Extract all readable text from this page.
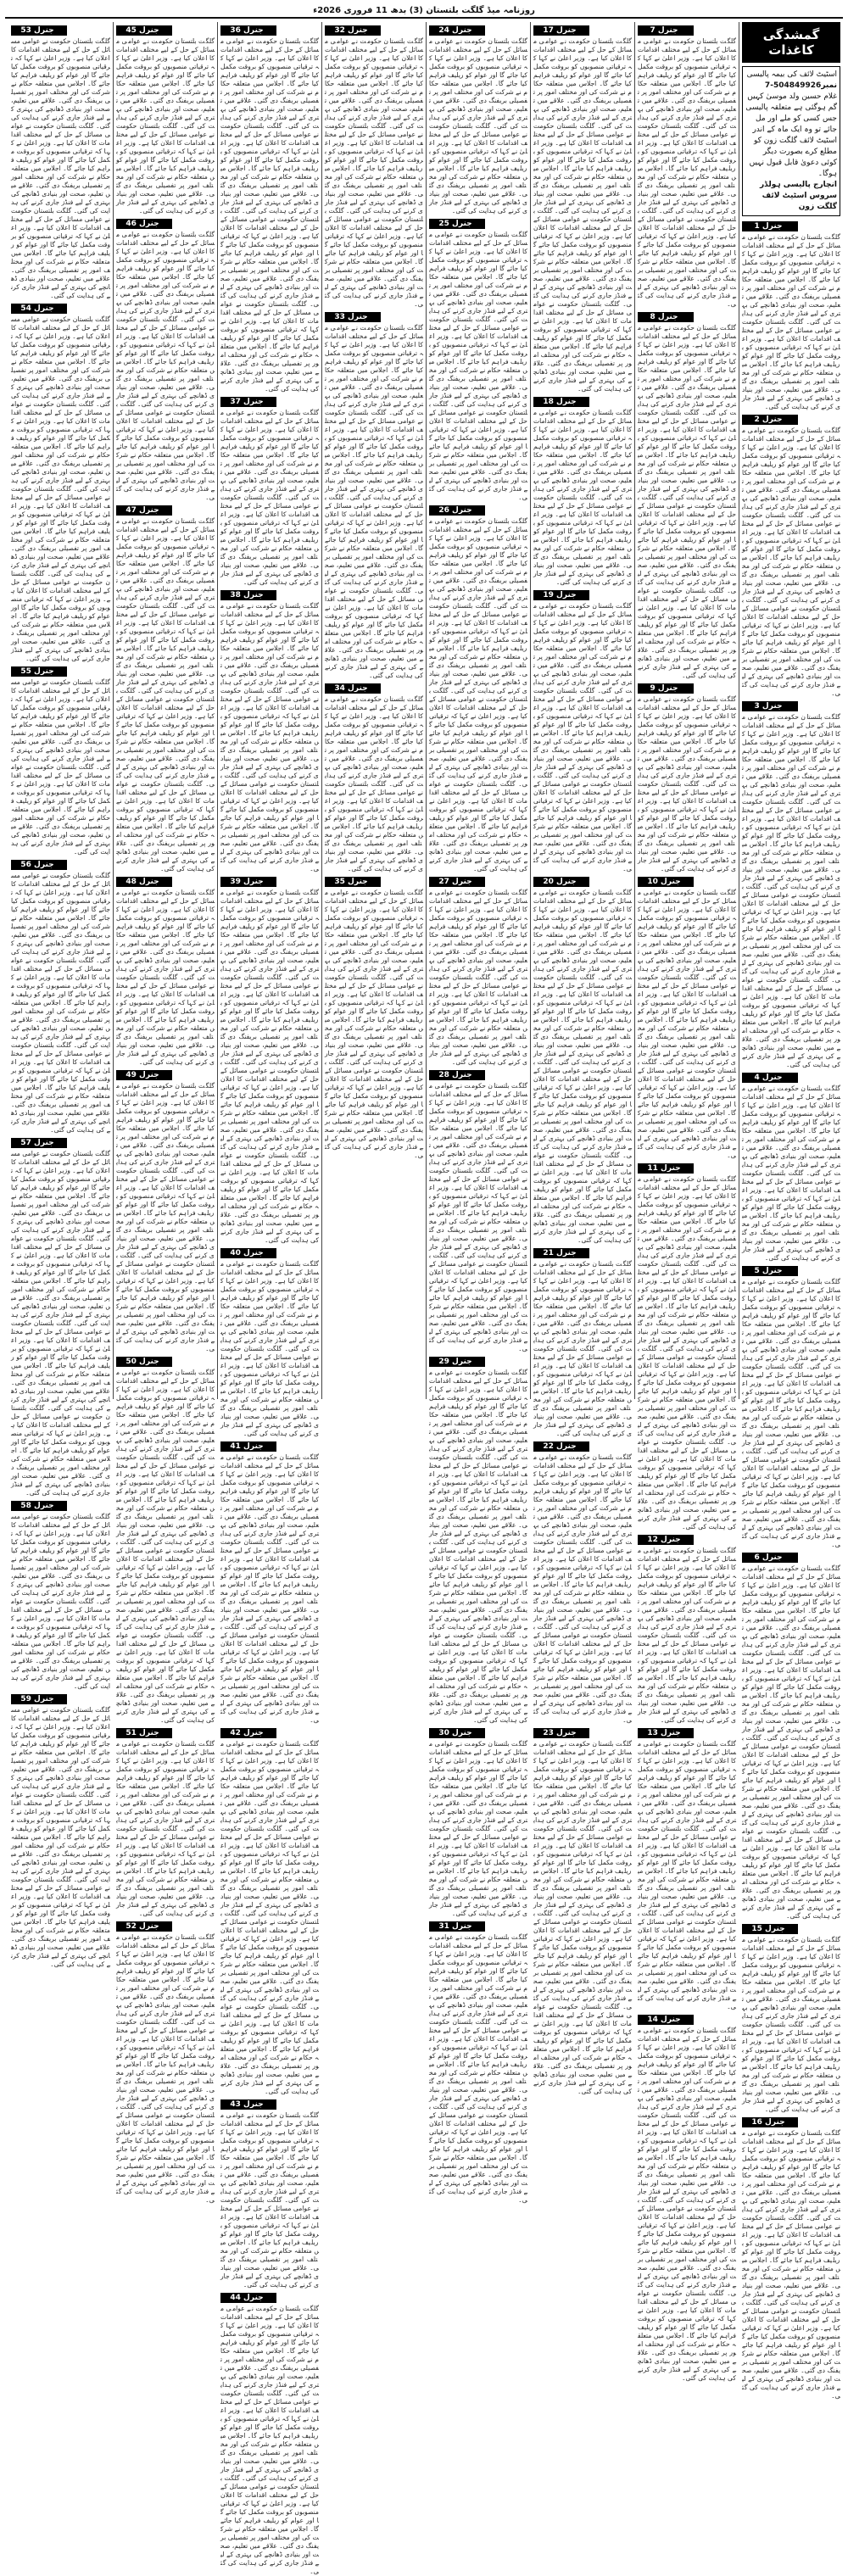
روزنامہ میڈ گلگت بلتستان (3) بدھ 11 فروری 2026ء
گمشدگی کاغذات
اسٹیٹ لائف کی بیمہ پالیسی
نمبر504849926-7
غلام حسین ولد موسیٰ کہیں گم ہوگئی ہے متعلقہ پالیسی جس کسی کو ملے اور مل جائے تو وہ ایک ماہ کے اندر اسٹیٹ لائف گلگت زون کو مطلع کرے بصورت دیگر کوئی دعویٰ قابل قبول نہیں ہوگا۔
انچارج پالیسی ہولڈر سروس اسٹیٹ لائف گلگت زون
جنرل 1
گلگت بلتستان حکومت نے عوامی مسائل کے حل کے لیے مختلف اقدامات کا اعلان کیا ہے۔ وزیر اعلیٰ نے کہا کہ ترقیاتی منصوبوں کو بروقت مکمل کیا جائے گا اور عوام کو ریلیف فراہم کیا جائے گا۔ اجلاس میں متعلقہ حکام نے شرکت کی اور مختلف امور پر تفصیلی بریفنگ دی گئی۔ علاقے میں تعلیم، صحت اور بنیادی ڈھانچے کی بہتری کے لیے فنڈز جاری کرنے کی ہدایت کی گئی۔ گلگت بلتستان حکومت نے عوامی مسائل کے حل کے لیے مختلف اقدامات کا اعلان کیا ہے۔ وزیر اعلیٰ نے کہا کہ ترقیاتی منصوبوں کو بروقت مکمل کیا جائے گا اور عوام کو ریلیف فراہم کیا جائے گا۔ اجلاس میں متعلقہ حکام نے شرکت کی اور مختلف امور پر تفصیلی بریفنگ دی گئی۔ علاقے میں تعلیم، صحت اور بنیادی ڈھانچے کی بہتری کے لیے فنڈز جاری کرنے کی ہدایت کی گئی۔
جنرل 2
گلگت بلتستان حکومت نے عوامی مسائل کے حل کے لیے مختلف اقدامات کا اعلان کیا ہے۔ وزیر اعلیٰ نے کہا کہ ترقیاتی منصوبوں کو بروقت مکمل کیا جائے گا اور عوام کو ریلیف فراہم کیا جائے گا۔ اجلاس میں متعلقہ حکام نے شرکت کی اور مختلف امور پر تفصیلی بریفنگ دی گئی۔ علاقے میں تعلیم، صحت اور بنیادی ڈھانچے کی بہتری کے لیے فنڈز جاری کرنے کی ہدایت کی گئی۔ گلگت بلتستان حکومت نے عوامی مسائل کے حل کے لیے مختلف اقدامات کا اعلان کیا ہے۔ وزیر اعلیٰ نے کہا کہ ترقیاتی منصوبوں کو بروقت مکمل کیا جائے گا اور عوام کو ریلیف فراہم کیا جائے گا۔ اجلاس میں متعلقہ حکام نے شرکت کی اور مختلف امور پر تفصیلی بریفنگ دی گئی۔ علاقے میں تعلیم، صحت اور بنیادی ڈھانچے کی بہتری کے لیے فنڈز جاری کرنے کی ہدایت کی گئی۔ گلگت بلتستان حکومت نے عوامی مسائل کے حل کے لیے مختلف اقدامات کا اعلان کیا ہے۔ وزیر اعلیٰ نے کہا کہ ترقیاتی منصوبوں کو بروقت مکمل کیا جائے گا اور عوام کو ریلیف فراہم کیا جائے گا۔ اجلاس میں متعلقہ حکام نے شرکت کی اور مختلف امور پر تفصیلی بریفنگ دی گئی۔ علاقے میں تعلیم، صحت اور بنیادی ڈھانچے کی بہتری کے لیے فنڈز جاری کرنے کی ہدایت کی گئی۔
جنرل 3
گلگت بلتستان حکومت نے عوامی مسائل کے حل کے لیے مختلف اقدامات کا اعلان کیا ہے۔ وزیر اعلیٰ نے کہا کہ ترقیاتی منصوبوں کو بروقت مکمل کیا جائے گا اور عوام کو ریلیف فراہم کیا جائے گا۔ اجلاس میں متعلقہ حکام نے شرکت کی اور مختلف امور پر تفصیلی بریفنگ دی گئی۔ علاقے میں تعلیم، صحت اور بنیادی ڈھانچے کی بہتری کے لیے فنڈز جاری کرنے کی ہدایت کی گئی۔ گلگت بلتستان حکومت نے عوامی مسائل کے حل کے لیے مختلف اقدامات کا اعلان کیا ہے۔ وزیر اعلیٰ نے کہا کہ ترقیاتی منصوبوں کو بروقت مکمل کیا جائے گا اور عوام کو ریلیف فراہم کیا جائے گا۔ اجلاس میں متعلقہ حکام نے شرکت کی اور مختلف امور پر تفصیلی بریفنگ دی گئی۔ علاقے میں تعلیم، صحت اور بنیادی ڈھانچے کی بہتری کے لیے فنڈز جاری کرنے کی ہدایت کی گئی۔ گلگت بلتستان حکومت نے عوامی مسائل کے حل کے لیے مختلف اقدامات کا اعلان کیا ہے۔ وزیر اعلیٰ نے کہا کہ ترقیاتی منصوبوں کو بروقت مکمل کیا جائے گا اور عوام کو ریلیف فراہم کیا جائے گا۔ اجلاس میں متعلقہ حکام نے شرکت کی اور مختلف امور پر تفصیلی بریفنگ دی گئی۔ علاقے میں تعلیم، صحت اور بنیادی ڈھانچے کی بہتری کے لیے فنڈز جاری کرنے کی ہدایت کی گئی۔ گلگت بلتستان حکومت نے عوامی مسائل کے حل کے لیے مختلف اقدامات کا اعلان کیا ہے۔ وزیر اعلیٰ نے کہا کہ ترقیاتی منصوبوں کو بروقت مکمل کیا جائے گا اور عوام کو ریلیف فراہم کیا جائے گا۔ اجلاس میں متعلقہ حکام نے شرکت کی اور مختلف امور پر تفصیلی بریفنگ دی گئی۔ علاقے میں تعلیم، صحت اور بنیادی ڈھانچے کی بہتری کے لیے فنڈز جاری کرنے کی ہدایت کی گئی۔
جنرل 4
گلگت بلتستان حکومت نے عوامی مسائل کے حل کے لیے مختلف اقدامات کا اعلان کیا ہے۔ وزیر اعلیٰ نے کہا کہ ترقیاتی منصوبوں کو بروقت مکمل کیا جائے گا اور عوام کو ریلیف فراہم کیا جائے گا۔ اجلاس میں متعلقہ حکام نے شرکت کی اور مختلف امور پر تفصیلی بریفنگ دی گئی۔ علاقے میں تعلیم، صحت اور بنیادی ڈھانچے کی بہتری کے لیے فنڈز جاری کرنے کی ہدایت کی گئی۔ گلگت بلتستان حکومت نے عوامی مسائل کے حل کے لیے مختلف اقدامات کا اعلان کیا ہے۔ وزیر اعلیٰ نے کہا کہ ترقیاتی منصوبوں کو بروقت مکمل کیا جائے گا اور عوام کو ریلیف فراہم کیا جائے گا۔ اجلاس میں متعلقہ حکام نے شرکت کی اور مختلف امور پر تفصیلی بریفنگ دی گئی۔ علاقے میں تعلیم، صحت اور بنیادی ڈھانچے کی بہتری کے لیے فنڈز جاری کرنے کی ہدایت کی گئی۔
جنرل 5
گلگت بلتستان حکومت نے عوامی مسائل کے حل کے لیے مختلف اقدامات کا اعلان کیا ہے۔ وزیر اعلیٰ نے کہا کہ ترقیاتی منصوبوں کو بروقت مکمل کیا جائے گا اور عوام کو ریلیف فراہم کیا جائے گا۔ اجلاس میں متعلقہ حکام نے شرکت کی اور مختلف امور پر تفصیلی بریفنگ دی گئی۔ علاقے میں تعلیم، صحت اور بنیادی ڈھانچے کی بہتری کے لیے فنڈز جاری کرنے کی ہدایت کی گئی۔ گلگت بلتستان حکومت نے عوامی مسائل کے حل کے لیے مختلف اقدامات کا اعلان کیا ہے۔ وزیر اعلیٰ نے کہا کہ ترقیاتی منصوبوں کو بروقت مکمل کیا جائے گا اور عوام کو ریلیف فراہم کیا جائے گا۔ اجلاس میں متعلقہ حکام نے شرکت کی اور مختلف امور پر تفصیلی بریفنگ دی گئی۔ علاقے میں تعلیم، صحت اور بنیادی ڈھانچے کی بہتری کے لیے فنڈز جاری کرنے کی ہدایت کی گئی۔ گلگت بلتستان حکومت نے عوامی مسائل کے حل کے لیے مختلف اقدامات کا اعلان کیا ہے۔ وزیر اعلیٰ نے کہا کہ ترقیاتی منصوبوں کو بروقت مکمل کیا جائے گا اور عوام کو ریلیف فراہم کیا جائے گا۔ اجلاس میں متعلقہ حکام نے شرکت کی اور مختلف امور پر تفصیلی بریفنگ دی گئی۔ علاقے میں تعلیم، صحت اور بنیادی ڈھانچے کی بہتری کے لیے فنڈز جاری کرنے کی ہدایت کی گئی۔
جنرل 6
گلگت بلتستان حکومت نے عوامی مسائل کے حل کے لیے مختلف اقدامات کا اعلان کیا ہے۔ وزیر اعلیٰ نے کہا کہ ترقیاتی منصوبوں کو بروقت مکمل کیا جائے گا اور عوام کو ریلیف فراہم کیا جائے گا۔ اجلاس میں متعلقہ حکام نے شرکت کی اور مختلف امور پر تفصیلی بریفنگ دی گئی۔ علاقے میں تعلیم، صحت اور بنیادی ڈھانچے کی بہتری کے لیے فنڈز جاری کرنے کی ہدایت کی گئی۔ گلگت بلتستان حکومت نے عوامی مسائل کے حل کے لیے مختلف اقدامات کا اعلان کیا ہے۔ وزیر اعلیٰ نے کہا کہ ترقیاتی منصوبوں کو بروقت مکمل کیا جائے گا اور عوام کو ریلیف فراہم کیا جائے گا۔ اجلاس میں متعلقہ حکام نے شرکت کی اور مختلف امور پر تفصیلی بریفنگ دی گئی۔ علاقے میں تعلیم، صحت اور بنیادی ڈھانچے کی بہتری کے لیے فنڈز جاری کرنے کی ہدایت کی گئی۔ گلگت بلتستان حکومت نے عوامی مسائل کے حل کے لیے مختلف اقدامات کا اعلان کیا ہے۔ وزیر اعلیٰ نے کہا کہ ترقیاتی منصوبوں کو بروقت مکمل کیا جائے گا اور عوام کو ریلیف فراہم کیا جائے گا۔ اجلاس میں متعلقہ حکام نے شرکت کی اور مختلف امور پر تفصیلی بریفنگ دی گئی۔ علاقے میں تعلیم، صحت اور بنیادی ڈھانچے کی بہتری کے لیے فنڈز جاری کرنے کی ہدایت کی گئی۔ گلگت بلتستان حکومت نے عوامی مسائل کے حل کے لیے مختلف اقدامات کا اعلان کیا ہے۔ وزیر اعلیٰ نے کہا کہ ترقیاتی منصوبوں کو بروقت مکمل کیا جائے گا اور عوام کو ریلیف فراہم کیا جائے گا۔ اجلاس میں متعلقہ حکام نے شرکت کی اور مختلف امور پر تفصیلی بریفنگ دی گئی۔ علاقے میں تعلیم، صحت اور بنیادی ڈھانچے کی بہتری کے لیے فنڈز جاری کرنے کی ہدایت کی گئی۔
جنرل 15
گلگت بلتستان حکومت نے عوامی مسائل کے حل کے لیے مختلف اقدامات کا اعلان کیا ہے۔ وزیر اعلیٰ نے کہا کہ ترقیاتی منصوبوں کو بروقت مکمل کیا جائے گا اور عوام کو ریلیف فراہم کیا جائے گا۔ اجلاس میں متعلقہ حکام نے شرکت کی اور مختلف امور پر تفصیلی بریفنگ دی گئی۔ علاقے میں تعلیم، صحت اور بنیادی ڈھانچے کی بہتری کے لیے فنڈز جاری کرنے کی ہدایت کی گئی۔ گلگت بلتستان حکومت نے عوامی مسائل کے حل کے لیے مختلف اقدامات کا اعلان کیا ہے۔ وزیر اعلیٰ نے کہا کہ ترقیاتی منصوبوں کو بروقت مکمل کیا جائے گا اور عوام کو ریلیف فراہم کیا جائے گا۔ اجلاس میں متعلقہ حکام نے شرکت کی اور مختلف امور پر تفصیلی بریفنگ دی گئی۔ علاقے میں تعلیم، صحت اور بنیادی ڈھانچے کی بہتری کے لیے فنڈز جاری کرنے کی ہدایت کی گئی۔
جنرل 16
گلگت بلتستان حکومت نے عوامی مسائل کے حل کے لیے مختلف اقدامات کا اعلان کیا ہے۔ وزیر اعلیٰ نے کہا کہ ترقیاتی منصوبوں کو بروقت مکمل کیا جائے گا اور عوام کو ریلیف فراہم کیا جائے گا۔ اجلاس میں متعلقہ حکام نے شرکت کی اور مختلف امور پر تفصیلی بریفنگ دی گئی۔ علاقے میں تعلیم، صحت اور بنیادی ڈھانچے کی بہتری کے لیے فنڈز جاری کرنے کی ہدایت کی گئی۔ گلگت بلتستان حکومت نے عوامی مسائل کے حل کے لیے مختلف اقدامات کا اعلان کیا ہے۔ وزیر اعلیٰ نے کہا کہ ترقیاتی منصوبوں کو بروقت مکمل کیا جائے گا اور عوام کو ریلیف فراہم کیا جائے گا۔ اجلاس میں متعلقہ حکام نے شرکت کی اور مختلف امور پر تفصیلی بریفنگ دی گئی۔ علاقے میں تعلیم، صحت اور بنیادی ڈھانچے کی بہتری کے لیے فنڈز جاری کرنے کی ہدایت کی گئی۔ گلگت بلتستان حکومت نے عوامی مسائل کے حل کے لیے مختلف اقدامات کا اعلان کیا ہے۔ وزیر اعلیٰ نے کہا کہ ترقیاتی منصوبوں کو بروقت مکمل کیا جائے گا اور عوام کو ریلیف فراہم کیا جائے گا۔ اجلاس میں متعلقہ حکام نے شرکت کی اور مختلف امور پر تفصیلی بریفنگ دی گئی۔ علاقے میں تعلیم، صحت اور بنیادی ڈھانچے کی بہتری کے لیے فنڈز جاری کرنے کی ہدایت کی گئی۔
جنرل 7
گلگت بلتستان حکومت نے عوامی مسائل کے حل کے لیے مختلف اقدامات کا اعلان کیا ہے۔ وزیر اعلیٰ نے کہا کہ ترقیاتی منصوبوں کو بروقت مکمل کیا جائے گا اور عوام کو ریلیف فراہم کیا جائے گا۔ اجلاس میں متعلقہ حکام نے شرکت کی اور مختلف امور پر تفصیلی بریفنگ دی گئی۔ علاقے میں تعلیم، صحت اور بنیادی ڈھانچے کی بہتری کے لیے فنڈز جاری کرنے کی ہدایت کی گئی۔ گلگت بلتستان حکومت نے عوامی مسائل کے حل کے لیے مختلف اقدامات کا اعلان کیا ہے۔ وزیر اعلیٰ نے کہا کہ ترقیاتی منصوبوں کو بروقت مکمل کیا جائے گا اور عوام کو ریلیف فراہم کیا جائے گا۔ اجلاس میں متعلقہ حکام نے شرکت کی اور مختلف امور پر تفصیلی بریفنگ دی گئی۔ علاقے میں تعلیم، صحت اور بنیادی ڈھانچے کی بہتری کے لیے فنڈز جاری کرنے کی ہدایت کی گئی۔ گلگت بلتستان حکومت نے عوامی مسائل کے حل کے لیے مختلف اقدامات کا اعلان کیا ہے۔ وزیر اعلیٰ نے کہا کہ ترقیاتی منصوبوں کو بروقت مکمل کیا جائے گا اور عوام کو ریلیف فراہم کیا جائے گا۔ اجلاس میں متعلقہ حکام نے شرکت کی اور مختلف امور پر تفصیلی بریفنگ دی گئی۔ علاقے میں تعلیم، صحت اور بنیادی ڈھانچے کی بہتری کے لیے فنڈز جاری کرنے کی ہدایت کی گئی۔
جنرل 8
گلگت بلتستان حکومت نے عوامی مسائل کے حل کے لیے مختلف اقدامات کا اعلان کیا ہے۔ وزیر اعلیٰ نے کہا کہ ترقیاتی منصوبوں کو بروقت مکمل کیا جائے گا اور عوام کو ریلیف فراہم کیا جائے گا۔ اجلاس میں متعلقہ حکام نے شرکت کی اور مختلف امور پر تفصیلی بریفنگ دی گئی۔ علاقے میں تعلیم، صحت اور بنیادی ڈھانچے کی بہتری کے لیے فنڈز جاری کرنے کی ہدایت کی گئی۔ گلگت بلتستان حکومت نے عوامی مسائل کے حل کے لیے مختلف اقدامات کا اعلان کیا ہے۔ وزیر اعلیٰ نے کہا کہ ترقیاتی منصوبوں کو بروقت مکمل کیا جائے گا اور عوام کو ریلیف فراہم کیا جائے گا۔ اجلاس میں متعلقہ حکام نے شرکت کی اور مختلف امور پر تفصیلی بریفنگ دی گئی۔ علاقے میں تعلیم، صحت اور بنیادی ڈھانچے کی بہتری کے لیے فنڈز جاری کرنے کی ہدایت کی گئی۔ گلگت بلتستان حکومت نے عوامی مسائل کے حل کے لیے مختلف اقدامات کا اعلان کیا ہے۔ وزیر اعلیٰ نے کہا کہ ترقیاتی منصوبوں کو بروقت مکمل کیا جائے گا اور عوام کو ریلیف فراہم کیا جائے گا۔ اجلاس میں متعلقہ حکام نے شرکت کی اور مختلف امور پر تفصیلی بریفنگ دی گئی۔ علاقے میں تعلیم، صحت اور بنیادی ڈھانچے کی بہتری کے لیے فنڈز جاری کرنے کی ہدایت کی گئی۔ گلگت بلتستان حکومت نے عوامی مسائل کے حل کے لیے مختلف اقدامات کا اعلان کیا ہے۔ وزیر اعلیٰ نے کہا کہ ترقیاتی منصوبوں کو بروقت مکمل کیا جائے گا اور عوام کو ریلیف فراہم کیا جائے گا۔ اجلاس میں متعلقہ حکام نے شرکت کی اور مختلف امور پر تفصیلی بریفنگ دی گئی۔ علاقے میں تعلیم، صحت اور بنیادی ڈھانچے کی بہتری کے لیے فنڈز جاری کرنے کی ہدایت کی گئی۔
جنرل 9
گلگت بلتستان حکومت نے عوامی مسائل کے حل کے لیے مختلف اقدامات کا اعلان کیا ہے۔ وزیر اعلیٰ نے کہا کہ ترقیاتی منصوبوں کو بروقت مکمل کیا جائے گا اور عوام کو ریلیف فراہم کیا جائے گا۔ اجلاس میں متعلقہ حکام نے شرکت کی اور مختلف امور پر تفصیلی بریفنگ دی گئی۔ علاقے میں تعلیم، صحت اور بنیادی ڈھانچے کی بہتری کے لیے فنڈز جاری کرنے کی ہدایت کی گئی۔ گلگت بلتستان حکومت نے عوامی مسائل کے حل کے لیے مختلف اقدامات کا اعلان کیا ہے۔ وزیر اعلیٰ نے کہا کہ ترقیاتی منصوبوں کو بروقت مکمل کیا جائے گا اور عوام کو ریلیف فراہم کیا جائے گا۔ اجلاس میں متعلقہ حکام نے شرکت کی اور مختلف امور پر تفصیلی بریفنگ دی گئی۔ علاقے میں تعلیم، صحت اور بنیادی ڈھانچے کی بہتری کے لیے فنڈز جاری کرنے کی ہدایت کی گئی۔
جنرل 10
گلگت بلتستان حکومت نے عوامی مسائل کے حل کے لیے مختلف اقدامات کا اعلان کیا ہے۔ وزیر اعلیٰ نے کہا کہ ترقیاتی منصوبوں کو بروقت مکمل کیا جائے گا اور عوام کو ریلیف فراہم کیا جائے گا۔ اجلاس میں متعلقہ حکام نے شرکت کی اور مختلف امور پر تفصیلی بریفنگ دی گئی۔ علاقے میں تعلیم، صحت اور بنیادی ڈھانچے کی بہتری کے لیے فنڈز جاری کرنے کی ہدایت کی گئی۔ گلگت بلتستان حکومت نے عوامی مسائل کے حل کے لیے مختلف اقدامات کا اعلان کیا ہے۔ وزیر اعلیٰ نے کہا کہ ترقیاتی منصوبوں کو بروقت مکمل کیا جائے گا اور عوام کو ریلیف فراہم کیا جائے گا۔ اجلاس میں متعلقہ حکام نے شرکت کی اور مختلف امور پر تفصیلی بریفنگ دی گئی۔ علاقے میں تعلیم، صحت اور بنیادی ڈھانچے کی بہتری کے لیے فنڈز جاری کرنے کی ہدایت کی گئی۔ گلگت بلتستان حکومت نے عوامی مسائل کے حل کے لیے مختلف اقدامات کا اعلان کیا ہے۔ وزیر اعلیٰ نے کہا کہ ترقیاتی منصوبوں کو بروقت مکمل کیا جائے گا اور عوام کو ریلیف فراہم کیا جائے گا۔ اجلاس میں متعلقہ حکام نے شرکت کی اور مختلف امور پر تفصیلی بریفنگ دی گئی۔ علاقے میں تعلیم، صحت اور بنیادی ڈھانچے کی بہتری کے لیے فنڈز جاری کرنے کی ہدایت کی گئی۔
جنرل 11
گلگت بلتستان حکومت نے عوامی مسائل کے حل کے لیے مختلف اقدامات کا اعلان کیا ہے۔ وزیر اعلیٰ نے کہا کہ ترقیاتی منصوبوں کو بروقت مکمل کیا جائے گا اور عوام کو ریلیف فراہم کیا جائے گا۔ اجلاس میں متعلقہ حکام نے شرکت کی اور مختلف امور پر تفصیلی بریفنگ دی گئی۔ علاقے میں تعلیم، صحت اور بنیادی ڈھانچے کی بہتری کے لیے فنڈز جاری کرنے کی ہدایت کی گئی۔ گلگت بلتستان حکومت نے عوامی مسائل کے حل کے لیے مختلف اقدامات کا اعلان کیا ہے۔ وزیر اعلیٰ نے کہا کہ ترقیاتی منصوبوں کو بروقت مکمل کیا جائے گا اور عوام کو ریلیف فراہم کیا جائے گا۔ اجلاس میں متعلقہ حکام نے شرکت کی اور مختلف امور پر تفصیلی بریفنگ دی گئی۔ علاقے میں تعلیم، صحت اور بنیادی ڈھانچے کی بہتری کے لیے فنڈز جاری کرنے کی ہدایت کی گئی۔ گلگت بلتستان حکومت نے عوامی مسائل کے حل کے لیے مختلف اقدامات کا اعلان کیا ہے۔ وزیر اعلیٰ نے کہا کہ ترقیاتی منصوبوں کو بروقت مکمل کیا جائے گا اور عوام کو ریلیف فراہم کیا جائے گا۔ اجلاس میں متعلقہ حکام نے شرکت کی اور مختلف امور پر تفصیلی بریفنگ دی گئی۔ علاقے میں تعلیم، صحت اور بنیادی ڈھانچے کی بہتری کے لیے فنڈز جاری کرنے کی ہدایت کی گئی۔ گلگت بلتستان حکومت نے عوامی مسائل کے حل کے لیے مختلف اقدامات کا اعلان کیا ہے۔ وزیر اعلیٰ نے کہا کہ ترقیاتی منصوبوں کو بروقت مکمل کیا جائے گا اور عوام کو ریلیف فراہم کیا جائے گا۔ اجلاس میں متعلقہ حکام نے شرکت کی اور مختلف امور پر تفصیلی بریفنگ دی گئی۔ علاقے میں تعلیم، صحت اور بنیادی ڈھانچے کی بہتری کے لیے فنڈز جاری کرنے کی ہدایت کی گئی۔
جنرل 12
گلگت بلتستان حکومت نے عوامی مسائل کے حل کے لیے مختلف اقدامات کا اعلان کیا ہے۔ وزیر اعلیٰ نے کہا کہ ترقیاتی منصوبوں کو بروقت مکمل کیا جائے گا اور عوام کو ریلیف فراہم کیا جائے گا۔ اجلاس میں متعلقہ حکام نے شرکت کی اور مختلف امور پر تفصیلی بریفنگ دی گئی۔ علاقے میں تعلیم، صحت اور بنیادی ڈھانچے کی بہتری کے لیے فنڈز جاری کرنے کی ہدایت کی گئی۔ گلگت بلتستان حکومت نے عوامی مسائل کے حل کے لیے مختلف اقدامات کا اعلان کیا ہے۔ وزیر اعلیٰ نے کہا کہ ترقیاتی منصوبوں کو بروقت مکمل کیا جائے گا اور عوام کو ریلیف فراہم کیا جائے گا۔ اجلاس میں متعلقہ حکام نے شرکت کی اور مختلف امور پر تفصیلی بریفنگ دی گئی۔ علاقے میں تعلیم، صحت اور بنیادی ڈھانچے کی بہتری کے لیے فنڈز جاری کرنے کی ہدایت کی گئی۔
جنرل 13
گلگت بلتستان حکومت نے عوامی مسائل کے حل کے لیے مختلف اقدامات کا اعلان کیا ہے۔ وزیر اعلیٰ نے کہا کہ ترقیاتی منصوبوں کو بروقت مکمل کیا جائے گا اور عوام کو ریلیف فراہم کیا جائے گا۔ اجلاس میں متعلقہ حکام نے شرکت کی اور مختلف امور پر تفصیلی بریفنگ دی گئی۔ علاقے میں تعلیم، صحت اور بنیادی ڈھانچے کی بہتری کے لیے فنڈز جاری کرنے کی ہدایت کی گئی۔ گلگت بلتستان حکومت نے عوامی مسائل کے حل کے لیے مختلف اقدامات کا اعلان کیا ہے۔ وزیر اعلیٰ نے کہا کہ ترقیاتی منصوبوں کو بروقت مکمل کیا جائے گا اور عوام کو ریلیف فراہم کیا جائے گا۔ اجلاس میں متعلقہ حکام نے شرکت کی اور مختلف امور پر تفصیلی بریفنگ دی گئی۔ علاقے میں تعلیم، صحت اور بنیادی ڈھانچے کی بہتری کے لیے فنڈز جاری کرنے کی ہدایت کی گئی۔ گلگت بلتستان حکومت نے عوامی مسائل کے حل کے لیے مختلف اقدامات کا اعلان کیا ہے۔ وزیر اعلیٰ نے کہا کہ ترقیاتی منصوبوں کو بروقت مکمل کیا جائے گا اور عوام کو ریلیف فراہم کیا جائے گا۔ اجلاس میں متعلقہ حکام نے شرکت کی اور مختلف امور پر تفصیلی بریفنگ دی گئی۔ علاقے میں تعلیم، صحت اور بنیادی ڈھانچے کی بہتری کے لیے فنڈز جاری کرنے کی ہدایت کی گئی۔
جنرل 14
گلگت بلتستان حکومت نے عوامی مسائل کے حل کے لیے مختلف اقدامات کا اعلان کیا ہے۔ وزیر اعلیٰ نے کہا کہ ترقیاتی منصوبوں کو بروقت مکمل کیا جائے گا اور عوام کو ریلیف فراہم کیا جائے گا۔ اجلاس میں متعلقہ حکام نے شرکت کی اور مختلف امور پر تفصیلی بریفنگ دی گئی۔ علاقے میں تعلیم، صحت اور بنیادی ڈھانچے کی بہتری کے لیے فنڈز جاری کرنے کی ہدایت کی گئی۔ گلگت بلتستان حکومت نے عوامی مسائل کے حل کے لیے مختلف اقدامات کا اعلان کیا ہے۔ وزیر اعلیٰ نے کہا کہ ترقیاتی منصوبوں کو بروقت مکمل کیا جائے گا اور عوام کو ریلیف فراہم کیا جائے گا۔ اجلاس میں متعلقہ حکام نے شرکت کی اور مختلف امور پر تفصیلی بریفنگ دی گئی۔ علاقے میں تعلیم، صحت اور بنیادی ڈھانچے کی بہتری کے لیے فنڈز جاری کرنے کی ہدایت کی گئی۔ گلگت بلتستان حکومت نے عوامی مسائل کے حل کے لیے مختلف اقدامات کا اعلان کیا ہے۔ وزیر اعلیٰ نے کہا کہ ترقیاتی منصوبوں کو بروقت مکمل کیا جائے گا اور عوام کو ریلیف فراہم کیا جائے گا۔ اجلاس میں متعلقہ حکام نے شرکت کی اور مختلف امور پر تفصیلی بریفنگ دی گئی۔ علاقے میں تعلیم، صحت اور بنیادی ڈھانچے کی بہتری کے لیے فنڈز جاری کرنے کی ہدایت کی گئی۔ گلگت بلتستان حکومت نے عوامی مسائل کے حل کے لیے مختلف اقدامات کا اعلان کیا ہے۔ وزیر اعلیٰ نے کہا کہ ترقیاتی منصوبوں کو بروقت مکمل کیا جائے گا اور عوام کو ریلیف فراہم کیا جائے گا۔ اجلاس میں متعلقہ حکام نے شرکت کی اور مختلف امور پر تفصیلی بریفنگ دی گئی۔ علاقے میں تعلیم، صحت اور بنیادی ڈھانچے کی بہتری کے لیے فنڈز جاری کرنے کی ہدایت کی گئی۔
جنرل 17
گلگت بلتستان حکومت نے عوامی مسائل کے حل کے لیے مختلف اقدامات کا اعلان کیا ہے۔ وزیر اعلیٰ نے کہا کہ ترقیاتی منصوبوں کو بروقت مکمل کیا جائے گا اور عوام کو ریلیف فراہم کیا جائے گا۔ اجلاس میں متعلقہ حکام نے شرکت کی اور مختلف امور پر تفصیلی بریفنگ دی گئی۔ علاقے میں تعلیم، صحت اور بنیادی ڈھانچے کی بہتری کے لیے فنڈز جاری کرنے کی ہدایت کی گئی۔ گلگت بلتستان حکومت نے عوامی مسائل کے حل کے لیے مختلف اقدامات کا اعلان کیا ہے۔ وزیر اعلیٰ نے کہا کہ ترقیاتی منصوبوں کو بروقت مکمل کیا جائے گا اور عوام کو ریلیف فراہم کیا جائے گا۔ اجلاس میں متعلقہ حکام نے شرکت کی اور مختلف امور پر تفصیلی بریفنگ دی گئی۔ علاقے میں تعلیم، صحت اور بنیادی ڈھانچے کی بہتری کے لیے فنڈز جاری کرنے کی ہدایت کی گئی۔ گلگت بلتستان حکومت نے عوامی مسائل کے حل کے لیے مختلف اقدامات کا اعلان کیا ہے۔ وزیر اعلیٰ نے کہا کہ ترقیاتی منصوبوں کو بروقت مکمل کیا جائے گا اور عوام کو ریلیف فراہم کیا جائے گا۔ اجلاس میں متعلقہ حکام نے شرکت کی اور مختلف امور پر تفصیلی بریفنگ دی گئی۔ علاقے میں تعلیم، صحت اور بنیادی ڈھانچے کی بہتری کے لیے فنڈز جاری کرنے کی ہدایت کی گئی۔ گلگت بلتستان حکومت نے عوامی مسائل کے حل کے لیے مختلف اقدامات کا اعلان کیا ہے۔ وزیر اعلیٰ نے کہا کہ ترقیاتی منصوبوں کو بروقت مکمل کیا جائے گا اور عوام کو ریلیف فراہم کیا جائے گا۔ اجلاس میں متعلقہ حکام نے شرکت کی اور مختلف امور پر تفصیلی بریفنگ دی گئی۔ علاقے میں تعلیم، صحت اور بنیادی ڈھانچے کی بہتری کے لیے فنڈز جاری کرنے کی ہدایت کی گئی۔
جنرل 18
گلگت بلتستان حکومت نے عوامی مسائل کے حل کے لیے مختلف اقدامات کا اعلان کیا ہے۔ وزیر اعلیٰ نے کہا کہ ترقیاتی منصوبوں کو بروقت مکمل کیا جائے گا اور عوام کو ریلیف فراہم کیا جائے گا۔ اجلاس میں متعلقہ حکام نے شرکت کی اور مختلف امور پر تفصیلی بریفنگ دی گئی۔ علاقے میں تعلیم، صحت اور بنیادی ڈھانچے کی بہتری کے لیے فنڈز جاری کرنے کی ہدایت کی گئی۔ گلگت بلتستان حکومت نے عوامی مسائل کے حل کے لیے مختلف اقدامات کا اعلان کیا ہے۔ وزیر اعلیٰ نے کہا کہ ترقیاتی منصوبوں کو بروقت مکمل کیا جائے گا اور عوام کو ریلیف فراہم کیا جائے گا۔ اجلاس میں متعلقہ حکام نے شرکت کی اور مختلف امور پر تفصیلی بریفنگ دی گئی۔ علاقے میں تعلیم، صحت اور بنیادی ڈھانچے کی بہتری کے لیے فنڈز جاری کرنے کی ہدایت کی گئی۔
جنرل 19
گلگت بلتستان حکومت نے عوامی مسائل کے حل کے لیے مختلف اقدامات کا اعلان کیا ہے۔ وزیر اعلیٰ نے کہا کہ ترقیاتی منصوبوں کو بروقت مکمل کیا جائے گا اور عوام کو ریلیف فراہم کیا جائے گا۔ اجلاس میں متعلقہ حکام نے شرکت کی اور مختلف امور پر تفصیلی بریفنگ دی گئی۔ علاقے میں تعلیم، صحت اور بنیادی ڈھانچے کی بہتری کے لیے فنڈز جاری کرنے کی ہدایت کی گئی۔ گلگت بلتستان حکومت نے عوامی مسائل کے حل کے لیے مختلف اقدامات کا اعلان کیا ہے۔ وزیر اعلیٰ نے کہا کہ ترقیاتی منصوبوں کو بروقت مکمل کیا جائے گا اور عوام کو ریلیف فراہم کیا جائے گا۔ اجلاس میں متعلقہ حکام نے شرکت کی اور مختلف امور پر تفصیلی بریفنگ دی گئی۔ علاقے میں تعلیم، صحت اور بنیادی ڈھانچے کی بہتری کے لیے فنڈز جاری کرنے کی ہدایت کی گئی۔ گلگت بلتستان حکومت نے عوامی مسائل کے حل کے لیے مختلف اقدامات کا اعلان کیا ہے۔ وزیر اعلیٰ نے کہا کہ ترقیاتی منصوبوں کو بروقت مکمل کیا جائے گا اور عوام کو ریلیف فراہم کیا جائے گا۔ اجلاس میں متعلقہ حکام نے شرکت کی اور مختلف امور پر تفصیلی بریفنگ دی گئی۔ علاقے میں تعلیم، صحت اور بنیادی ڈھانچے کی بہتری کے لیے فنڈز جاری کرنے کی ہدایت کی گئی۔
جنرل 20
گلگت بلتستان حکومت نے عوامی مسائل کے حل کے لیے مختلف اقدامات کا اعلان کیا ہے۔ وزیر اعلیٰ نے کہا کہ ترقیاتی منصوبوں کو بروقت مکمل کیا جائے گا اور عوام کو ریلیف فراہم کیا جائے گا۔ اجلاس میں متعلقہ حکام نے شرکت کی اور مختلف امور پر تفصیلی بریفنگ دی گئی۔ علاقے میں تعلیم، صحت اور بنیادی ڈھانچے کی بہتری کے لیے فنڈز جاری کرنے کی ہدایت کی گئی۔ گلگت بلتستان حکومت نے عوامی مسائل کے حل کے لیے مختلف اقدامات کا اعلان کیا ہے۔ وزیر اعلیٰ نے کہا کہ ترقیاتی منصوبوں کو بروقت مکمل کیا جائے گا اور عوام کو ریلیف فراہم کیا جائے گا۔ اجلاس میں متعلقہ حکام نے شرکت کی اور مختلف امور پر تفصیلی بریفنگ دی گئی۔ علاقے میں تعلیم، صحت اور بنیادی ڈھانچے کی بہتری کے لیے فنڈز جاری کرنے کی ہدایت کی گئی۔ گلگت بلتستان حکومت نے عوامی مسائل کے حل کے لیے مختلف اقدامات کا اعلان کیا ہے۔ وزیر اعلیٰ نے کہا کہ ترقیاتی منصوبوں کو بروقت مکمل کیا جائے گا اور عوام کو ریلیف فراہم کیا جائے گا۔ اجلاس میں متعلقہ حکام نے شرکت کی اور مختلف امور پر تفصیلی بریفنگ دی گئی۔ علاقے میں تعلیم، صحت اور بنیادی ڈھانچے کی بہتری کے لیے فنڈز جاری کرنے کی ہدایت کی گئی۔ گلگت بلتستان حکومت نے عوامی مسائل کے حل کے لیے مختلف اقدامات کا اعلان کیا ہے۔ وزیر اعلیٰ نے کہا کہ ترقیاتی منصوبوں کو بروقت مکمل کیا جائے گا اور عوام کو ریلیف فراہم کیا جائے گا۔ اجلاس میں متعلقہ حکام نے شرکت کی اور مختلف امور پر تفصیلی بریفنگ دی گئی۔ علاقے میں تعلیم، صحت اور بنیادی ڈھانچے کی بہتری کے لیے فنڈز جاری کرنے کی ہدایت کی گئی۔
جنرل 21
گلگت بلتستان حکومت نے عوامی مسائل کے حل کے لیے مختلف اقدامات کا اعلان کیا ہے۔ وزیر اعلیٰ نے کہا کہ ترقیاتی منصوبوں کو بروقت مکمل کیا جائے گا اور عوام کو ریلیف فراہم کیا جائے گا۔ اجلاس میں متعلقہ حکام نے شرکت کی اور مختلف امور پر تفصیلی بریفنگ دی گئی۔ علاقے میں تعلیم، صحت اور بنیادی ڈھانچے کی بہتری کے لیے فنڈز جاری کرنے کی ہدایت کی گئی۔ گلگت بلتستان حکومت نے عوامی مسائل کے حل کے لیے مختلف اقدامات کا اعلان کیا ہے۔ وزیر اعلیٰ نے کہا کہ ترقیاتی منصوبوں کو بروقت مکمل کیا جائے گا اور عوام کو ریلیف فراہم کیا جائے گا۔ اجلاس میں متعلقہ حکام نے شرکت کی اور مختلف امور پر تفصیلی بریفنگ دی گئی۔ علاقے میں تعلیم، صحت اور بنیادی ڈھانچے کی بہتری کے لیے فنڈز جاری کرنے کی ہدایت کی گئی۔
جنرل 22
گلگت بلتستان حکومت نے عوامی مسائل کے حل کے لیے مختلف اقدامات کا اعلان کیا ہے۔ وزیر اعلیٰ نے کہا کہ ترقیاتی منصوبوں کو بروقت مکمل کیا جائے گا اور عوام کو ریلیف فراہم کیا جائے گا۔ اجلاس میں متعلقہ حکام نے شرکت کی اور مختلف امور پر تفصیلی بریفنگ دی گئی۔ علاقے میں تعلیم، صحت اور بنیادی ڈھانچے کی بہتری کے لیے فنڈز جاری کرنے کی ہدایت کی گئی۔ گلگت بلتستان حکومت نے عوامی مسائل کے حل کے لیے مختلف اقدامات کا اعلان کیا ہے۔ وزیر اعلیٰ نے کہا کہ ترقیاتی منصوبوں کو بروقت مکمل کیا جائے گا اور عوام کو ریلیف فراہم کیا جائے گا۔ اجلاس میں متعلقہ حکام نے شرکت کی اور مختلف امور پر تفصیلی بریفنگ دی گئی۔ علاقے میں تعلیم، صحت اور بنیادی ڈھانچے کی بہتری کے لیے فنڈز جاری کرنے کی ہدایت کی گئی۔ گلگت بلتستان حکومت نے عوامی مسائل کے حل کے لیے مختلف اقدامات کا اعلان کیا ہے۔ وزیر اعلیٰ نے کہا کہ ترقیاتی منصوبوں کو بروقت مکمل کیا جائے گا اور عوام کو ریلیف فراہم کیا جائے گا۔ اجلاس میں متعلقہ حکام نے شرکت کی اور مختلف امور پر تفصیلی بریفنگ دی گئی۔ علاقے میں تعلیم، صحت اور بنیادی ڈھانچے کی بہتری کے لیے فنڈز جاری کرنے کی ہدایت کی گئی۔
جنرل 23
گلگت بلتستان حکومت نے عوامی مسائل کے حل کے لیے مختلف اقدامات کا اعلان کیا ہے۔ وزیر اعلیٰ نے کہا کہ ترقیاتی منصوبوں کو بروقت مکمل کیا جائے گا اور عوام کو ریلیف فراہم کیا جائے گا۔ اجلاس میں متعلقہ حکام نے شرکت کی اور مختلف امور پر تفصیلی بریفنگ دی گئی۔ علاقے میں تعلیم، صحت اور بنیادی ڈھانچے کی بہتری کے لیے فنڈز جاری کرنے کی ہدایت کی گئی۔ گلگت بلتستان حکومت نے عوامی مسائل کے حل کے لیے مختلف اقدامات کا اعلان کیا ہے۔ وزیر اعلیٰ نے کہا کہ ترقیاتی منصوبوں کو بروقت مکمل کیا جائے گا اور عوام کو ریلیف فراہم کیا جائے گا۔ اجلاس میں متعلقہ حکام نے شرکت کی اور مختلف امور پر تفصیلی بریفنگ دی گئی۔ علاقے میں تعلیم، صحت اور بنیادی ڈھانچے کی بہتری کے لیے فنڈز جاری کرنے کی ہدایت کی گئی۔ گلگت بلتستان حکومت نے عوامی مسائل کے حل کے لیے مختلف اقدامات کا اعلان کیا ہے۔ وزیر اعلیٰ نے کہا کہ ترقیاتی منصوبوں کو بروقت مکمل کیا جائے گا اور عوام کو ریلیف فراہم کیا جائے گا۔ اجلاس میں متعلقہ حکام نے شرکت کی اور مختلف امور پر تفصیلی بریفنگ دی گئی۔ علاقے میں تعلیم، صحت اور بنیادی ڈھانچے کی بہتری کے لیے فنڈز جاری کرنے کی ہدایت کی گئی۔ گلگت بلتستان حکومت نے عوامی مسائل کے حل کے لیے مختلف اقدامات کا اعلان کیا ہے۔ وزیر اعلیٰ نے کہا کہ ترقیاتی منصوبوں کو بروقت مکمل کیا جائے گا اور عوام کو ریلیف فراہم کیا جائے گا۔ اجلاس میں متعلقہ حکام نے شرکت کی اور مختلف امور پر تفصیلی بریفنگ دی گئی۔ علاقے میں تعلیم، صحت اور بنیادی ڈھانچے کی بہتری کے لیے فنڈز جاری کرنے کی ہدایت کی گئی۔
جنرل 24
گلگت بلتستان حکومت نے عوامی مسائل کے حل کے لیے مختلف اقدامات کا اعلان کیا ہے۔ وزیر اعلیٰ نے کہا کہ ترقیاتی منصوبوں کو بروقت مکمل کیا جائے گا اور عوام کو ریلیف فراہم کیا جائے گا۔ اجلاس میں متعلقہ حکام نے شرکت کی اور مختلف امور پر تفصیلی بریفنگ دی گئی۔ علاقے میں تعلیم، صحت اور بنیادی ڈھانچے کی بہتری کے لیے فنڈز جاری کرنے کی ہدایت کی گئی۔ گلگت بلتستان حکومت نے عوامی مسائل کے حل کے لیے مختلف اقدامات کا اعلان کیا ہے۔ وزیر اعلیٰ نے کہا کہ ترقیاتی منصوبوں کو بروقت مکمل کیا جائے گا اور عوام کو ریلیف فراہم کیا جائے گا۔ اجلاس میں متعلقہ حکام نے شرکت کی اور مختلف امور پر تفصیلی بریفنگ دی گئی۔ علاقے میں تعلیم، صحت اور بنیادی ڈھانچے کی بہتری کے لیے فنڈز جاری کرنے کی ہدایت کی گئی۔
جنرل 25
گلگت بلتستان حکومت نے عوامی مسائل کے حل کے لیے مختلف اقدامات کا اعلان کیا ہے۔ وزیر اعلیٰ نے کہا کہ ترقیاتی منصوبوں کو بروقت مکمل کیا جائے گا اور عوام کو ریلیف فراہم کیا جائے گا۔ اجلاس میں متعلقہ حکام نے شرکت کی اور مختلف امور پر تفصیلی بریفنگ دی گئی۔ علاقے میں تعلیم، صحت اور بنیادی ڈھانچے کی بہتری کے لیے فنڈز جاری کرنے کی ہدایت کی گئی۔ گلگت بلتستان حکومت نے عوامی مسائل کے حل کے لیے مختلف اقدامات کا اعلان کیا ہے۔ وزیر اعلیٰ نے کہا کہ ترقیاتی منصوبوں کو بروقت مکمل کیا جائے گا اور عوام کو ریلیف فراہم کیا جائے گا۔ اجلاس میں متعلقہ حکام نے شرکت کی اور مختلف امور پر تفصیلی بریفنگ دی گئی۔ علاقے میں تعلیم، صحت اور بنیادی ڈھانچے کی بہتری کے لیے فنڈز جاری کرنے کی ہدایت کی گئی۔ گلگت بلتستان حکومت نے عوامی مسائل کے حل کے لیے مختلف اقدامات کا اعلان کیا ہے۔ وزیر اعلیٰ نے کہا کہ ترقیاتی منصوبوں کو بروقت مکمل کیا جائے گا اور عوام کو ریلیف فراہم کیا جائے گا۔ اجلاس میں متعلقہ حکام نے شرکت کی اور مختلف امور پر تفصیلی بریفنگ دی گئی۔ علاقے میں تعلیم، صحت اور بنیادی ڈھانچے کی بہتری کے لیے فنڈز جاری کرنے کی ہدایت کی گئی۔
جنرل 26
گلگت بلتستان حکومت نے عوامی مسائل کے حل کے لیے مختلف اقدامات کا اعلان کیا ہے۔ وزیر اعلیٰ نے کہا کہ ترقیاتی منصوبوں کو بروقت مکمل کیا جائے گا اور عوام کو ریلیف فراہم کیا جائے گا۔ اجلاس میں متعلقہ حکام نے شرکت کی اور مختلف امور پر تفصیلی بریفنگ دی گئی۔ علاقے میں تعلیم، صحت اور بنیادی ڈھانچے کی بہتری کے لیے فنڈز جاری کرنے کی ہدایت کی گئی۔ گلگت بلتستان حکومت نے عوامی مسائل کے حل کے لیے مختلف اقدامات کا اعلان کیا ہے۔ وزیر اعلیٰ نے کہا کہ ترقیاتی منصوبوں کو بروقت مکمل کیا جائے گا اور عوام کو ریلیف فراہم کیا جائے گا۔ اجلاس میں متعلقہ حکام نے شرکت کی اور مختلف امور پر تفصیلی بریفنگ دی گئی۔ علاقے میں تعلیم، صحت اور بنیادی ڈھانچے کی بہتری کے لیے فنڈز جاری کرنے کی ہدایت کی گئی۔ گلگت بلتستان حکومت نے عوامی مسائل کے حل کے لیے مختلف اقدامات کا اعلان کیا ہے۔ وزیر اعلیٰ نے کہا کہ ترقیاتی منصوبوں کو بروقت مکمل کیا جائے گا اور عوام کو ریلیف فراہم کیا جائے گا۔ اجلاس میں متعلقہ حکام نے شرکت کی اور مختلف امور پر تفصیلی بریفنگ دی گئی۔ علاقے میں تعلیم، صحت اور بنیادی ڈھانچے کی بہتری کے لیے فنڈز جاری کرنے کی ہدایت کی گئی۔ گلگت بلتستان حکومت نے عوامی مسائل کے حل کے لیے مختلف اقدامات کا اعلان کیا ہے۔ وزیر اعلیٰ نے کہا کہ ترقیاتی منصوبوں کو بروقت مکمل کیا جائے گا اور عوام کو ریلیف فراہم کیا جائے گا۔ اجلاس میں متعلقہ حکام نے شرکت کی اور مختلف امور پر تفصیلی بریفنگ دی گئی۔ علاقے میں تعلیم، صحت اور بنیادی ڈھانچے کی بہتری کے لیے فنڈز جاری کرنے کی ہدایت کی گئی۔
جنرل 27
گلگت بلتستان حکومت نے عوامی مسائل کے حل کے لیے مختلف اقدامات کا اعلان کیا ہے۔ وزیر اعلیٰ نے کہا کہ ترقیاتی منصوبوں کو بروقت مکمل کیا جائے گا اور عوام کو ریلیف فراہم کیا جائے گا۔ اجلاس میں متعلقہ حکام نے شرکت کی اور مختلف امور پر تفصیلی بریفنگ دی گئی۔ علاقے میں تعلیم، صحت اور بنیادی ڈھانچے کی بہتری کے لیے فنڈز جاری کرنے کی ہدایت کی گئی۔ گلگت بلتستان حکومت نے عوامی مسائل کے حل کے لیے مختلف اقدامات کا اعلان کیا ہے۔ وزیر اعلیٰ نے کہا کہ ترقیاتی منصوبوں کو بروقت مکمل کیا جائے گا اور عوام کو ریلیف فراہم کیا جائے گا۔ اجلاس میں متعلقہ حکام نے شرکت کی اور مختلف امور پر تفصیلی بریفنگ دی گئی۔ علاقے میں تعلیم، صحت اور بنیادی ڈھانچے کی بہتری کے لیے فنڈز جاری کرنے کی ہدایت کی گئی۔
جنرل 28
گلگت بلتستان حکومت نے عوامی مسائل کے حل کے لیے مختلف اقدامات کا اعلان کیا ہے۔ وزیر اعلیٰ نے کہا کہ ترقیاتی منصوبوں کو بروقت مکمل کیا جائے گا اور عوام کو ریلیف فراہم کیا جائے گا۔ اجلاس میں متعلقہ حکام نے شرکت کی اور مختلف امور پر تفصیلی بریفنگ دی گئی۔ علاقے میں تعلیم، صحت اور بنیادی ڈھانچے کی بہتری کے لیے فنڈز جاری کرنے کی ہدایت کی گئی۔ گلگت بلتستان حکومت نے عوامی مسائل کے حل کے لیے مختلف اقدامات کا اعلان کیا ہے۔ وزیر اعلیٰ نے کہا کہ ترقیاتی منصوبوں کو بروقت مکمل کیا جائے گا اور عوام کو ریلیف فراہم کیا جائے گا۔ اجلاس میں متعلقہ حکام نے شرکت کی اور مختلف امور پر تفصیلی بریفنگ دی گئی۔ علاقے میں تعلیم، صحت اور بنیادی ڈھانچے کی بہتری کے لیے فنڈز جاری کرنے کی ہدایت کی گئی۔ گلگت بلتستان حکومت نے عوامی مسائل کے حل کے لیے مختلف اقدامات کا اعلان کیا ہے۔ وزیر اعلیٰ نے کہا کہ ترقیاتی منصوبوں کو بروقت مکمل کیا جائے گا اور عوام کو ریلیف فراہم کیا جائے گا۔ اجلاس میں متعلقہ حکام نے شرکت کی اور مختلف امور پر تفصیلی بریفنگ دی گئی۔ علاقے میں تعلیم، صحت اور بنیادی ڈھانچے کی بہتری کے لیے فنڈز جاری کرنے کی ہدایت کی گئی۔
جنرل 29
گلگت بلتستان حکومت نے عوامی مسائل کے حل کے لیے مختلف اقدامات کا اعلان کیا ہے۔ وزیر اعلیٰ نے کہا کہ ترقیاتی منصوبوں کو بروقت مکمل کیا جائے گا اور عوام کو ریلیف فراہم کیا جائے گا۔ اجلاس میں متعلقہ حکام نے شرکت کی اور مختلف امور پر تفصیلی بریفنگ دی گئی۔ علاقے میں تعلیم، صحت اور بنیادی ڈھانچے کی بہتری کے لیے فنڈز جاری کرنے کی ہدایت کی گئی۔ گلگت بلتستان حکومت نے عوامی مسائل کے حل کے لیے مختلف اقدامات کا اعلان کیا ہے۔ وزیر اعلیٰ نے کہا کہ ترقیاتی منصوبوں کو بروقت مکمل کیا جائے گا اور عوام کو ریلیف فراہم کیا جائے گا۔ اجلاس میں متعلقہ حکام نے شرکت کی اور مختلف امور پر تفصیلی بریفنگ دی گئی۔ علاقے میں تعلیم، صحت اور بنیادی ڈھانچے کی بہتری کے لیے فنڈز جاری کرنے کی ہدایت کی گئی۔ گلگت بلتستان حکومت نے عوامی مسائل کے حل کے لیے مختلف اقدامات کا اعلان کیا ہے۔ وزیر اعلیٰ نے کہا کہ ترقیاتی منصوبوں کو بروقت مکمل کیا جائے گا اور عوام کو ریلیف فراہم کیا جائے گا۔ اجلاس میں متعلقہ حکام نے شرکت کی اور مختلف امور پر تفصیلی بریفنگ دی گئی۔ علاقے میں تعلیم، صحت اور بنیادی ڈھانچے کی بہتری کے لیے فنڈز جاری کرنے کی ہدایت کی گئی۔ گلگت بلتستان حکومت نے عوامی مسائل کے حل کے لیے مختلف اقدامات کا اعلان کیا ہے۔ وزیر اعلیٰ نے کہا کہ ترقیاتی منصوبوں کو بروقت مکمل کیا جائے گا اور عوام کو ریلیف فراہم کیا جائے گا۔ اجلاس میں متعلقہ حکام نے شرکت کی اور مختلف امور پر تفصیلی بریفنگ دی گئی۔ علاقے میں تعلیم، صحت اور بنیادی ڈھانچے کی بہتری کے لیے فنڈز جاری کرنے کی ہدایت کی گئی۔
جنرل 30
گلگت بلتستان حکومت نے عوامی مسائل کے حل کے لیے مختلف اقدامات کا اعلان کیا ہے۔ وزیر اعلیٰ نے کہا کہ ترقیاتی منصوبوں کو بروقت مکمل کیا جائے گا اور عوام کو ریلیف فراہم کیا جائے گا۔ اجلاس میں متعلقہ حکام نے شرکت کی اور مختلف امور پر تفصیلی بریفنگ دی گئی۔ علاقے میں تعلیم، صحت اور بنیادی ڈھانچے کی بہتری کے لیے فنڈز جاری کرنے کی ہدایت کی گئی۔ گلگت بلتستان حکومت نے عوامی مسائل کے حل کے لیے مختلف اقدامات کا اعلان کیا ہے۔ وزیر اعلیٰ نے کہا کہ ترقیاتی منصوبوں کو بروقت مکمل کیا جائے گا اور عوام کو ریلیف فراہم کیا جائے گا۔ اجلاس میں متعلقہ حکام نے شرکت کی اور مختلف امور پر تفصیلی بریفنگ دی گئی۔ علاقے میں تعلیم، صحت اور بنیادی ڈھانچے کی بہتری کے لیے فنڈز جاری کرنے کی ہدایت کی گئی۔
جنرل 31
گلگت بلتستان حکومت نے عوامی مسائل کے حل کے لیے مختلف اقدامات کا اعلان کیا ہے۔ وزیر اعلیٰ نے کہا کہ ترقیاتی منصوبوں کو بروقت مکمل کیا جائے گا اور عوام کو ریلیف فراہم کیا جائے گا۔ اجلاس میں متعلقہ حکام نے شرکت کی اور مختلف امور پر تفصیلی بریفنگ دی گئی۔ علاقے میں تعلیم، صحت اور بنیادی ڈھانچے کی بہتری کے لیے فنڈز جاری کرنے کی ہدایت کی گئی۔ گلگت بلتستان حکومت نے عوامی مسائل کے حل کے لیے مختلف اقدامات کا اعلان کیا ہے۔ وزیر اعلیٰ نے کہا کہ ترقیاتی منصوبوں کو بروقت مکمل کیا جائے گا اور عوام کو ریلیف فراہم کیا جائے گا۔ اجلاس میں متعلقہ حکام نے شرکت کی اور مختلف امور پر تفصیلی بریفنگ دی گئی۔ علاقے میں تعلیم، صحت اور بنیادی ڈھانچے کی بہتری کے لیے فنڈز جاری کرنے کی ہدایت کی گئی۔ گلگت بلتستان حکومت نے عوامی مسائل کے حل کے لیے مختلف اقدامات کا اعلان کیا ہے۔ وزیر اعلیٰ نے کہا کہ ترقیاتی منصوبوں کو بروقت مکمل کیا جائے گا اور عوام کو ریلیف فراہم کیا جائے گا۔ اجلاس میں متعلقہ حکام نے شرکت کی اور مختلف امور پر تفصیلی بریفنگ دی گئی۔ علاقے میں تعلیم، صحت اور بنیادی ڈھانچے کی بہتری کے لیے فنڈز جاری کرنے کی ہدایت کی گئی۔
جنرل 32
گلگت بلتستان حکومت نے عوامی مسائل کے حل کے لیے مختلف اقدامات کا اعلان کیا ہے۔ وزیر اعلیٰ نے کہا کہ ترقیاتی منصوبوں کو بروقت مکمل کیا جائے گا اور عوام کو ریلیف فراہم کیا جائے گا۔ اجلاس میں متعلقہ حکام نے شرکت کی اور مختلف امور پر تفصیلی بریفنگ دی گئی۔ علاقے میں تعلیم، صحت اور بنیادی ڈھانچے کی بہتری کے لیے فنڈز جاری کرنے کی ہدایت کی گئی۔ گلگت بلتستان حکومت نے عوامی مسائل کے حل کے لیے مختلف اقدامات کا اعلان کیا ہے۔ وزیر اعلیٰ نے کہا کہ ترقیاتی منصوبوں کو بروقت مکمل کیا جائے گا اور عوام کو ریلیف فراہم کیا جائے گا۔ اجلاس میں متعلقہ حکام نے شرکت کی اور مختلف امور پر تفصیلی بریفنگ دی گئی۔ علاقے میں تعلیم، صحت اور بنیادی ڈھانچے کی بہتری کے لیے فنڈز جاری کرنے کی ہدایت کی گئی۔ گلگت بلتستان حکومت نے عوامی مسائل کے حل کے لیے مختلف اقدامات کا اعلان کیا ہے۔ وزیر اعلیٰ نے کہا کہ ترقیاتی منصوبوں کو بروقت مکمل کیا جائے گا اور عوام کو ریلیف فراہم کیا جائے گا۔ اجلاس میں متعلقہ حکام نے شرکت کی اور مختلف امور پر تفصیلی بریفنگ دی گئی۔ علاقے میں تعلیم، صحت اور بنیادی ڈھانچے کی بہتری کے لیے فنڈز جاری کرنے کی ہدایت کی گئی۔
جنرل 33
گلگت بلتستان حکومت نے عوامی مسائل کے حل کے لیے مختلف اقدامات کا اعلان کیا ہے۔ وزیر اعلیٰ نے کہا کہ ترقیاتی منصوبوں کو بروقت مکمل کیا جائے گا اور عوام کو ریلیف فراہم کیا جائے گا۔ اجلاس میں متعلقہ حکام نے شرکت کی اور مختلف امور پر تفصیلی بریفنگ دی گئی۔ علاقے میں تعلیم، صحت اور بنیادی ڈھانچے کی بہتری کے لیے فنڈز جاری کرنے کی ہدایت کی گئی۔ گلگت بلتستان حکومت نے عوامی مسائل کے حل کے لیے مختلف اقدامات کا اعلان کیا ہے۔ وزیر اعلیٰ نے کہا کہ ترقیاتی منصوبوں کو بروقت مکمل کیا جائے گا اور عوام کو ریلیف فراہم کیا جائے گا۔ اجلاس میں متعلقہ حکام نے شرکت کی اور مختلف امور پر تفصیلی بریفنگ دی گئی۔ علاقے میں تعلیم، صحت اور بنیادی ڈھانچے کی بہتری کے لیے فنڈز جاری کرنے کی ہدایت کی گئی۔ گلگت بلتستان حکومت نے عوامی مسائل کے حل کے لیے مختلف اقدامات کا اعلان کیا ہے۔ وزیر اعلیٰ نے کہا کہ ترقیاتی منصوبوں کو بروقت مکمل کیا جائے گا اور عوام کو ریلیف فراہم کیا جائے گا۔ اجلاس میں متعلقہ حکام نے شرکت کی اور مختلف امور پر تفصیلی بریفنگ دی گئی۔ علاقے میں تعلیم، صحت اور بنیادی ڈھانچے کی بہتری کے لیے فنڈز جاری کرنے کی ہدایت کی گئی۔ گلگت بلتستان حکومت نے عوامی مسائل کے حل کے لیے مختلف اقدامات کا اعلان کیا ہے۔ وزیر اعلیٰ نے کہا کہ ترقیاتی منصوبوں کو بروقت مکمل کیا جائے گا اور عوام کو ریلیف فراہم کیا جائے گا۔ اجلاس میں متعلقہ حکام نے شرکت کی اور مختلف امور پر تفصیلی بریفنگ دی گئی۔ علاقے میں تعلیم، صحت اور بنیادی ڈھانچے کی بہتری کے لیے فنڈز جاری کرنے کی ہدایت کی گئی۔
جنرل 34
گلگت بلتستان حکومت نے عوامی مسائل کے حل کے لیے مختلف اقدامات کا اعلان کیا ہے۔ وزیر اعلیٰ نے کہا کہ ترقیاتی منصوبوں کو بروقت مکمل کیا جائے گا اور عوام کو ریلیف فراہم کیا جائے گا۔ اجلاس میں متعلقہ حکام نے شرکت کی اور مختلف امور پر تفصیلی بریفنگ دی گئی۔ علاقے میں تعلیم، صحت اور بنیادی ڈھانچے کی بہتری کے لیے فنڈز جاری کرنے کی ہدایت کی گئی۔ گلگت بلتستان حکومت نے عوامی مسائل کے حل کے لیے مختلف اقدامات کا اعلان کیا ہے۔ وزیر اعلیٰ نے کہا کہ ترقیاتی منصوبوں کو بروقت مکمل کیا جائے گا اور عوام کو ریلیف فراہم کیا جائے گا۔ اجلاس میں متعلقہ حکام نے شرکت کی اور مختلف امور پر تفصیلی بریفنگ دی گئی۔ علاقے میں تعلیم، صحت اور بنیادی ڈھانچے کی بہتری کے لیے فنڈز جاری کرنے کی ہدایت کی گئی۔
جنرل 35
گلگت بلتستان حکومت نے عوامی مسائل کے حل کے لیے مختلف اقدامات کا اعلان کیا ہے۔ وزیر اعلیٰ نے کہا کہ ترقیاتی منصوبوں کو بروقت مکمل کیا جائے گا اور عوام کو ریلیف فراہم کیا جائے گا۔ اجلاس میں متعلقہ حکام نے شرکت کی اور مختلف امور پر تفصیلی بریفنگ دی گئی۔ علاقے میں تعلیم، صحت اور بنیادی ڈھانچے کی بہتری کے لیے فنڈز جاری کرنے کی ہدایت کی گئی۔ گلگت بلتستان حکومت نے عوامی مسائل کے حل کے لیے مختلف اقدامات کا اعلان کیا ہے۔ وزیر اعلیٰ نے کہا کہ ترقیاتی منصوبوں کو بروقت مکمل کیا جائے گا اور عوام کو ریلیف فراہم کیا جائے گا۔ اجلاس میں متعلقہ حکام نے شرکت کی اور مختلف امور پر تفصیلی بریفنگ دی گئی۔ علاقے میں تعلیم، صحت اور بنیادی ڈھانچے کی بہتری کے لیے فنڈز جاری کرنے کی ہدایت کی گئی۔ گلگت بلتستان حکومت نے عوامی مسائل کے حل کے لیے مختلف اقدامات کا اعلان کیا ہے۔ وزیر اعلیٰ نے کہا کہ ترقیاتی منصوبوں کو بروقت مکمل کیا جائے گا اور عوام کو ریلیف فراہم کیا جائے گا۔ اجلاس میں متعلقہ حکام نے شرکت کی اور مختلف امور پر تفصیلی بریفنگ دی گئی۔ علاقے میں تعلیم، صحت اور بنیادی ڈھانچے کی بہتری کے لیے فنڈز جاری کرنے کی ہدایت کی گئی۔
جنرل 36
گلگت بلتستان حکومت نے عوامی مسائل کے حل کے لیے مختلف اقدامات کا اعلان کیا ہے۔ وزیر اعلیٰ نے کہا کہ ترقیاتی منصوبوں کو بروقت مکمل کیا جائے گا اور عوام کو ریلیف فراہم کیا جائے گا۔ اجلاس میں متعلقہ حکام نے شرکت کی اور مختلف امور پر تفصیلی بریفنگ دی گئی۔ علاقے میں تعلیم، صحت اور بنیادی ڈھانچے کی بہتری کے لیے فنڈز جاری کرنے کی ہدایت کی گئی۔ گلگت بلتستان حکومت نے عوامی مسائل کے حل کے لیے مختلف اقدامات کا اعلان کیا ہے۔ وزیر اعلیٰ نے کہا کہ ترقیاتی منصوبوں کو بروقت مکمل کیا جائے گا اور عوام کو ریلیف فراہم کیا جائے گا۔ اجلاس میں متعلقہ حکام نے شرکت کی اور مختلف امور پر تفصیلی بریفنگ دی گئی۔ علاقے میں تعلیم، صحت اور بنیادی ڈھانچے کی بہتری کے لیے فنڈز جاری کرنے کی ہدایت کی گئی۔ گلگت بلتستان حکومت نے عوامی مسائل کے حل کے لیے مختلف اقدامات کا اعلان کیا ہے۔ وزیر اعلیٰ نے کہا کہ ترقیاتی منصوبوں کو بروقت مکمل کیا جائے گا اور عوام کو ریلیف فراہم کیا جائے گا۔ اجلاس میں متعلقہ حکام نے شرکت کی اور مختلف امور پر تفصیلی بریفنگ دی گئی۔ علاقے میں تعلیم، صحت اور بنیادی ڈھانچے کی بہتری کے لیے فنڈز جاری کرنے کی ہدایت کی گئی۔ گلگت بلتستان حکومت نے عوامی مسائل کے حل کے لیے مختلف اقدامات کا اعلان کیا ہے۔ وزیر اعلیٰ نے کہا کہ ترقیاتی منصوبوں کو بروقت مکمل کیا جائے گا اور عوام کو ریلیف فراہم کیا جائے گا۔ اجلاس میں متعلقہ حکام نے شرکت کی اور مختلف امور پر تفصیلی بریفنگ دی گئی۔ علاقے میں تعلیم، صحت اور بنیادی ڈھانچے کی بہتری کے لیے فنڈز جاری کرنے کی ہدایت کی گئی۔
جنرل 37
گلگت بلتستان حکومت نے عوامی مسائل کے حل کے لیے مختلف اقدامات کا اعلان کیا ہے۔ وزیر اعلیٰ نے کہا کہ ترقیاتی منصوبوں کو بروقت مکمل کیا جائے گا اور عوام کو ریلیف فراہم کیا جائے گا۔ اجلاس میں متعلقہ حکام نے شرکت کی اور مختلف امور پر تفصیلی بریفنگ دی گئی۔ علاقے میں تعلیم، صحت اور بنیادی ڈھانچے کی بہتری کے لیے فنڈز جاری کرنے کی ہدایت کی گئی۔ گلگت بلتستان حکومت نے عوامی مسائل کے حل کے لیے مختلف اقدامات کا اعلان کیا ہے۔ وزیر اعلیٰ نے کہا کہ ترقیاتی منصوبوں کو بروقت مکمل کیا جائے گا اور عوام کو ریلیف فراہم کیا جائے گا۔ اجلاس میں متعلقہ حکام نے شرکت کی اور مختلف امور پر تفصیلی بریفنگ دی گئی۔ علاقے میں تعلیم، صحت اور بنیادی ڈھانچے کی بہتری کے لیے فنڈز جاری کرنے کی ہدایت کی گئی۔
جنرل 38
گلگت بلتستان حکومت نے عوامی مسائل کے حل کے لیے مختلف اقدامات کا اعلان کیا ہے۔ وزیر اعلیٰ نے کہا کہ ترقیاتی منصوبوں کو بروقت مکمل کیا جائے گا اور عوام کو ریلیف فراہم کیا جائے گا۔ اجلاس میں متعلقہ حکام نے شرکت کی اور مختلف امور پر تفصیلی بریفنگ دی گئی۔ علاقے میں تعلیم، صحت اور بنیادی ڈھانچے کی بہتری کے لیے فنڈز جاری کرنے کی ہدایت کی گئی۔ گلگت بلتستان حکومت نے عوامی مسائل کے حل کے لیے مختلف اقدامات کا اعلان کیا ہے۔ وزیر اعلیٰ نے کہا کہ ترقیاتی منصوبوں کو بروقت مکمل کیا جائے گا اور عوام کو ریلیف فراہم کیا جائے گا۔ اجلاس میں متعلقہ حکام نے شرکت کی اور مختلف امور پر تفصیلی بریفنگ دی گئی۔ علاقے میں تعلیم، صحت اور بنیادی ڈھانچے کی بہتری کے لیے فنڈز جاری کرنے کی ہدایت کی گئی۔ گلگت بلتستان حکومت نے عوامی مسائل کے حل کے لیے مختلف اقدامات کا اعلان کیا ہے۔ وزیر اعلیٰ نے کہا کہ ترقیاتی منصوبوں کو بروقت مکمل کیا جائے گا اور عوام کو ریلیف فراہم کیا جائے گا۔ اجلاس میں متعلقہ حکام نے شرکت کی اور مختلف امور پر تفصیلی بریفنگ دی گئی۔ علاقے میں تعلیم، صحت اور بنیادی ڈھانچے کی بہتری کے لیے فنڈز جاری کرنے کی ہدایت کی گئی۔
جنرل 39
گلگت بلتستان حکومت نے عوامی مسائل کے حل کے لیے مختلف اقدامات کا اعلان کیا ہے۔ وزیر اعلیٰ نے کہا کہ ترقیاتی منصوبوں کو بروقت مکمل کیا جائے گا اور عوام کو ریلیف فراہم کیا جائے گا۔ اجلاس میں متعلقہ حکام نے شرکت کی اور مختلف امور پر تفصیلی بریفنگ دی گئی۔ علاقے میں تعلیم، صحت اور بنیادی ڈھانچے کی بہتری کے لیے فنڈز جاری کرنے کی ہدایت کی گئی۔ گلگت بلتستان حکومت نے عوامی مسائل کے حل کے لیے مختلف اقدامات کا اعلان کیا ہے۔ وزیر اعلیٰ نے کہا کہ ترقیاتی منصوبوں کو بروقت مکمل کیا جائے گا اور عوام کو ریلیف فراہم کیا جائے گا۔ اجلاس میں متعلقہ حکام نے شرکت کی اور مختلف امور پر تفصیلی بریفنگ دی گئی۔ علاقے میں تعلیم، صحت اور بنیادی ڈھانچے کی بہتری کے لیے فنڈز جاری کرنے کی ہدایت کی گئی۔ گلگت بلتستان حکومت نے عوامی مسائل کے حل کے لیے مختلف اقدامات کا اعلان کیا ہے۔ وزیر اعلیٰ نے کہا کہ ترقیاتی منصوبوں کو بروقت مکمل کیا جائے گا اور عوام کو ریلیف فراہم کیا جائے گا۔ اجلاس میں متعلقہ حکام نے شرکت کی اور مختلف امور پر تفصیلی بریفنگ دی گئی۔ علاقے میں تعلیم، صحت اور بنیادی ڈھانچے کی بہتری کے لیے فنڈز جاری کرنے کی ہدایت کی گئی۔ گلگت بلتستان حکومت نے عوامی مسائل کے حل کے لیے مختلف اقدامات کا اعلان کیا ہے۔ وزیر اعلیٰ نے کہا کہ ترقیاتی منصوبوں کو بروقت مکمل کیا جائے گا اور عوام کو ریلیف فراہم کیا جائے گا۔ اجلاس میں متعلقہ حکام نے شرکت کی اور مختلف امور پر تفصیلی بریفنگ دی گئی۔ علاقے میں تعلیم، صحت اور بنیادی ڈھانچے کی بہتری کے لیے فنڈز جاری کرنے کی ہدایت کی گئی۔
جنرل 40
گلگت بلتستان حکومت نے عوامی مسائل کے حل کے لیے مختلف اقدامات کا اعلان کیا ہے۔ وزیر اعلیٰ نے کہا کہ ترقیاتی منصوبوں کو بروقت مکمل کیا جائے گا اور عوام کو ریلیف فراہم کیا جائے گا۔ اجلاس میں متعلقہ حکام نے شرکت کی اور مختلف امور پر تفصیلی بریفنگ دی گئی۔ علاقے میں تعلیم، صحت اور بنیادی ڈھانچے کی بہتری کے لیے فنڈز جاری کرنے کی ہدایت کی گئی۔ گلگت بلتستان حکومت نے عوامی مسائل کے حل کے لیے مختلف اقدامات کا اعلان کیا ہے۔ وزیر اعلیٰ نے کہا کہ ترقیاتی منصوبوں کو بروقت مکمل کیا جائے گا اور عوام کو ریلیف فراہم کیا جائے گا۔ اجلاس میں متعلقہ حکام نے شرکت کی اور مختلف امور پر تفصیلی بریفنگ دی گئی۔ علاقے میں تعلیم، صحت اور بنیادی ڈھانچے کی بہتری کے لیے فنڈز جاری کرنے کی ہدایت کی گئی۔
جنرل 41
گلگت بلتستان حکومت نے عوامی مسائل کے حل کے لیے مختلف اقدامات کا اعلان کیا ہے۔ وزیر اعلیٰ نے کہا کہ ترقیاتی منصوبوں کو بروقت مکمل کیا جائے گا اور عوام کو ریلیف فراہم کیا جائے گا۔ اجلاس میں متعلقہ حکام نے شرکت کی اور مختلف امور پر تفصیلی بریفنگ دی گئی۔ علاقے میں تعلیم، صحت اور بنیادی ڈھانچے کی بہتری کے لیے فنڈز جاری کرنے کی ہدایت کی گئی۔ گلگت بلتستان حکومت نے عوامی مسائل کے حل کے لیے مختلف اقدامات کا اعلان کیا ہے۔ وزیر اعلیٰ نے کہا کہ ترقیاتی منصوبوں کو بروقت مکمل کیا جائے گا اور عوام کو ریلیف فراہم کیا جائے گا۔ اجلاس میں متعلقہ حکام نے شرکت کی اور مختلف امور پر تفصیلی بریفنگ دی گئی۔ علاقے میں تعلیم، صحت اور بنیادی ڈھانچے کی بہتری کے لیے فنڈز جاری کرنے کی ہدایت کی گئی۔ گلگت بلتستان حکومت نے عوامی مسائل کے حل کے لیے مختلف اقدامات کا اعلان کیا ہے۔ وزیر اعلیٰ نے کہا کہ ترقیاتی منصوبوں کو بروقت مکمل کیا جائے گا اور عوام کو ریلیف فراہم کیا جائے گا۔ اجلاس میں متعلقہ حکام نے شرکت کی اور مختلف امور پر تفصیلی بریفنگ دی گئی۔ علاقے میں تعلیم، صحت اور بنیادی ڈھانچے کی بہتری کے لیے فنڈز جاری کرنے کی ہدایت کی گئی۔
جنرل 42
گلگت بلتستان حکومت نے عوامی مسائل کے حل کے لیے مختلف اقدامات کا اعلان کیا ہے۔ وزیر اعلیٰ نے کہا کہ ترقیاتی منصوبوں کو بروقت مکمل کیا جائے گا اور عوام کو ریلیف فراہم کیا جائے گا۔ اجلاس میں متعلقہ حکام نے شرکت کی اور مختلف امور پر تفصیلی بریفنگ دی گئی۔ علاقے میں تعلیم، صحت اور بنیادی ڈھانچے کی بہتری کے لیے فنڈز جاری کرنے کی ہدایت کی گئی۔ گلگت بلتستان حکومت نے عوامی مسائل کے حل کے لیے مختلف اقدامات کا اعلان کیا ہے۔ وزیر اعلیٰ نے کہا کہ ترقیاتی منصوبوں کو بروقت مکمل کیا جائے گا اور عوام کو ریلیف فراہم کیا جائے گا۔ اجلاس میں متعلقہ حکام نے شرکت کی اور مختلف امور پر تفصیلی بریفنگ دی گئی۔ علاقے میں تعلیم، صحت اور بنیادی ڈھانچے کی بہتری کے لیے فنڈز جاری کرنے کی ہدایت کی گئی۔ گلگت بلتستان حکومت نے عوامی مسائل کے حل کے لیے مختلف اقدامات کا اعلان کیا ہے۔ وزیر اعلیٰ نے کہا کہ ترقیاتی منصوبوں کو بروقت مکمل کیا جائے گا اور عوام کو ریلیف فراہم کیا جائے گا۔ اجلاس میں متعلقہ حکام نے شرکت کی اور مختلف امور پر تفصیلی بریفنگ دی گئی۔ علاقے میں تعلیم، صحت اور بنیادی ڈھانچے کی بہتری کے لیے فنڈز جاری کرنے کی ہدایت کی گئی۔ گلگت بلتستان حکومت نے عوامی مسائل کے حل کے لیے مختلف اقدامات کا اعلان کیا ہے۔ وزیر اعلیٰ نے کہا کہ ترقیاتی منصوبوں کو بروقت مکمل کیا جائے گا اور عوام کو ریلیف فراہم کیا جائے گا۔ اجلاس میں متعلقہ حکام نے شرکت کی اور مختلف امور پر تفصیلی بریفنگ دی گئی۔ علاقے میں تعلیم، صحت اور بنیادی ڈھانچے کی بہتری کے لیے فنڈز جاری کرنے کی ہدایت کی گئی۔
جنرل 43
گلگت بلتستان حکومت نے عوامی مسائل کے حل کے لیے مختلف اقدامات کا اعلان کیا ہے۔ وزیر اعلیٰ نے کہا کہ ترقیاتی منصوبوں کو بروقت مکمل کیا جائے گا اور عوام کو ریلیف فراہم کیا جائے گا۔ اجلاس میں متعلقہ حکام نے شرکت کی اور مختلف امور پر تفصیلی بریفنگ دی گئی۔ علاقے میں تعلیم، صحت اور بنیادی ڈھانچے کی بہتری کے لیے فنڈز جاری کرنے کی ہدایت کی گئی۔ گلگت بلتستان حکومت نے عوامی مسائل کے حل کے لیے مختلف اقدامات کا اعلان کیا ہے۔ وزیر اعلیٰ نے کہا کہ ترقیاتی منصوبوں کو بروقت مکمل کیا جائے گا اور عوام کو ریلیف فراہم کیا جائے گا۔ اجلاس میں متعلقہ حکام نے شرکت کی اور مختلف امور پر تفصیلی بریفنگ دی گئی۔ علاقے میں تعلیم، صحت اور بنیادی ڈھانچے کی بہتری کے لیے فنڈز جاری کرنے کی ہدایت کی گئی۔
جنرل 44
گلگت بلتستان حکومت نے عوامی مسائل کے حل کے لیے مختلف اقدامات کا اعلان کیا ہے۔ وزیر اعلیٰ نے کہا کہ ترقیاتی منصوبوں کو بروقت مکمل کیا جائے گا اور عوام کو ریلیف فراہم کیا جائے گا۔ اجلاس میں متعلقہ حکام نے شرکت کی اور مختلف امور پر تفصیلی بریفنگ دی گئی۔ علاقے میں تعلیم، صحت اور بنیادی ڈھانچے کی بہتری کے لیے فنڈز جاری کرنے کی ہدایت کی گئی۔ گلگت بلتستان حکومت نے عوامی مسائل کے حل کے لیے مختلف اقدامات کا اعلان کیا ہے۔ وزیر اعلیٰ نے کہا کہ ترقیاتی منصوبوں کو بروقت مکمل کیا جائے گا اور عوام کو ریلیف فراہم کیا جائے گا۔ اجلاس میں متعلقہ حکام نے شرکت کی اور مختلف امور پر تفصیلی بریفنگ دی گئی۔ علاقے میں تعلیم، صحت اور بنیادی ڈھانچے کی بہتری کے لیے فنڈز جاری کرنے کی ہدایت کی گئی۔ گلگت بلتستان حکومت نے عوامی مسائل کے حل کے لیے مختلف اقدامات کا اعلان کیا ہے۔ وزیر اعلیٰ نے کہا کہ ترقیاتی منصوبوں کو بروقت مکمل کیا جائے گا اور عوام کو ریلیف فراہم کیا جائے گا۔ اجلاس میں متعلقہ حکام نے شرکت کی اور مختلف امور پر تفصیلی بریفنگ دی گئی۔ علاقے میں تعلیم، صحت اور بنیادی ڈھانچے کی بہتری کے لیے فنڈز جاری کرنے کی ہدایت کی گئی۔
جنرل 45
گلگت بلتستان حکومت نے عوامی مسائل کے حل کے لیے مختلف اقدامات کا اعلان کیا ہے۔ وزیر اعلیٰ نے کہا کہ ترقیاتی منصوبوں کو بروقت مکمل کیا جائے گا اور عوام کو ریلیف فراہم کیا جائے گا۔ اجلاس میں متعلقہ حکام نے شرکت کی اور مختلف امور پر تفصیلی بریفنگ دی گئی۔ علاقے میں تعلیم، صحت اور بنیادی ڈھانچے کی بہتری کے لیے فنڈز جاری کرنے کی ہدایت کی گئی۔ گلگت بلتستان حکومت نے عوامی مسائل کے حل کے لیے مختلف اقدامات کا اعلان کیا ہے۔ وزیر اعلیٰ نے کہا کہ ترقیاتی منصوبوں کو بروقت مکمل کیا جائے گا اور عوام کو ریلیف فراہم کیا جائے گا۔ اجلاس میں متعلقہ حکام نے شرکت کی اور مختلف امور پر تفصیلی بریفنگ دی گئی۔ علاقے میں تعلیم، صحت اور بنیادی ڈھانچے کی بہتری کے لیے فنڈز جاری کرنے کی ہدایت کی گئی۔
جنرل 46
گلگت بلتستان حکومت نے عوامی مسائل کے حل کے لیے مختلف اقدامات کا اعلان کیا ہے۔ وزیر اعلیٰ نے کہا کہ ترقیاتی منصوبوں کو بروقت مکمل کیا جائے گا اور عوام کو ریلیف فراہم کیا جائے گا۔ اجلاس میں متعلقہ حکام نے شرکت کی اور مختلف امور پر تفصیلی بریفنگ دی گئی۔ علاقے میں تعلیم، صحت اور بنیادی ڈھانچے کی بہتری کے لیے فنڈز جاری کرنے کی ہدایت کی گئی۔ گلگت بلتستان حکومت نے عوامی مسائل کے حل کے لیے مختلف اقدامات کا اعلان کیا ہے۔ وزیر اعلیٰ نے کہا کہ ترقیاتی منصوبوں کو بروقت مکمل کیا جائے گا اور عوام کو ریلیف فراہم کیا جائے گا۔ اجلاس میں متعلقہ حکام نے شرکت کی اور مختلف امور پر تفصیلی بریفنگ دی گئی۔ علاقے میں تعلیم، صحت اور بنیادی ڈھانچے کی بہتری کے لیے فنڈز جاری کرنے کی ہدایت کی گئی۔ گلگت بلتستان حکومت نے عوامی مسائل کے حل کے لیے مختلف اقدامات کا اعلان کیا ہے۔ وزیر اعلیٰ نے کہا کہ ترقیاتی منصوبوں کو بروقت مکمل کیا جائے گا اور عوام کو ریلیف فراہم کیا جائے گا۔ اجلاس میں متعلقہ حکام نے شرکت کی اور مختلف امور پر تفصیلی بریفنگ دی گئی۔ علاقے میں تعلیم، صحت اور بنیادی ڈھانچے کی بہتری کے لیے فنڈز جاری کرنے کی ہدایت کی گئی۔
جنرل 47
گلگت بلتستان حکومت نے عوامی مسائل کے حل کے لیے مختلف اقدامات کا اعلان کیا ہے۔ وزیر اعلیٰ نے کہا کہ ترقیاتی منصوبوں کو بروقت مکمل کیا جائے گا اور عوام کو ریلیف فراہم کیا جائے گا۔ اجلاس میں متعلقہ حکام نے شرکت کی اور مختلف امور پر تفصیلی بریفنگ دی گئی۔ علاقے میں تعلیم، صحت اور بنیادی ڈھانچے کی بہتری کے لیے فنڈز جاری کرنے کی ہدایت کی گئی۔ گلگت بلتستان حکومت نے عوامی مسائل کے حل کے لیے مختلف اقدامات کا اعلان کیا ہے۔ وزیر اعلیٰ نے کہا کہ ترقیاتی منصوبوں کو بروقت مکمل کیا جائے گا اور عوام کو ریلیف فراہم کیا جائے گا۔ اجلاس میں متعلقہ حکام نے شرکت کی اور مختلف امور پر تفصیلی بریفنگ دی گئی۔ علاقے میں تعلیم، صحت اور بنیادی ڈھانچے کی بہتری کے لیے فنڈز جاری کرنے کی ہدایت کی گئی۔ گلگت بلتستان حکومت نے عوامی مسائل کے حل کے لیے مختلف اقدامات کا اعلان کیا ہے۔ وزیر اعلیٰ نے کہا کہ ترقیاتی منصوبوں کو بروقت مکمل کیا جائے گا اور عوام کو ریلیف فراہم کیا جائے گا۔ اجلاس میں متعلقہ حکام نے شرکت کی اور مختلف امور پر تفصیلی بریفنگ دی گئی۔ علاقے میں تعلیم، صحت اور بنیادی ڈھانچے کی بہتری کے لیے فنڈز جاری کرنے کی ہدایت کی گئی۔ گلگت بلتستان حکومت نے عوامی مسائل کے حل کے لیے مختلف اقدامات کا اعلان کیا ہے۔ وزیر اعلیٰ نے کہا کہ ترقیاتی منصوبوں کو بروقت مکمل کیا جائے گا اور عوام کو ریلیف فراہم کیا جائے گا۔ اجلاس میں متعلقہ حکام نے شرکت کی اور مختلف امور پر تفصیلی بریفنگ دی گئی۔ علاقے میں تعلیم، صحت اور بنیادی ڈھانچے کی بہتری کے لیے فنڈز جاری کرنے کی ہدایت کی گئی۔
جنرل 48
گلگت بلتستان حکومت نے عوامی مسائل کے حل کے لیے مختلف اقدامات کا اعلان کیا ہے۔ وزیر اعلیٰ نے کہا کہ ترقیاتی منصوبوں کو بروقت مکمل کیا جائے گا اور عوام کو ریلیف فراہم کیا جائے گا۔ اجلاس میں متعلقہ حکام نے شرکت کی اور مختلف امور پر تفصیلی بریفنگ دی گئی۔ علاقے میں تعلیم، صحت اور بنیادی ڈھانچے کی بہتری کے لیے فنڈز جاری کرنے کی ہدایت کی گئی۔ گلگت بلتستان حکومت نے عوامی مسائل کے حل کے لیے مختلف اقدامات کا اعلان کیا ہے۔ وزیر اعلیٰ نے کہا کہ ترقیاتی منصوبوں کو بروقت مکمل کیا جائے گا اور عوام کو ریلیف فراہم کیا جائے گا۔ اجلاس میں متعلقہ حکام نے شرکت کی اور مختلف امور پر تفصیلی بریفنگ دی گئی۔ علاقے میں تعلیم، صحت اور بنیادی ڈھانچے کی بہتری کے لیے فنڈز جاری کرنے کی ہدایت کی گئی۔
جنرل 49
گلگت بلتستان حکومت نے عوامی مسائل کے حل کے لیے مختلف اقدامات کا اعلان کیا ہے۔ وزیر اعلیٰ نے کہا کہ ترقیاتی منصوبوں کو بروقت مکمل کیا جائے گا اور عوام کو ریلیف فراہم کیا جائے گا۔ اجلاس میں متعلقہ حکام نے شرکت کی اور مختلف امور پر تفصیلی بریفنگ دی گئی۔ علاقے میں تعلیم، صحت اور بنیادی ڈھانچے کی بہتری کے لیے فنڈز جاری کرنے کی ہدایت کی گئی۔ گلگت بلتستان حکومت نے عوامی مسائل کے حل کے لیے مختلف اقدامات کا اعلان کیا ہے۔ وزیر اعلیٰ نے کہا کہ ترقیاتی منصوبوں کو بروقت مکمل کیا جائے گا اور عوام کو ریلیف فراہم کیا جائے گا۔ اجلاس میں متعلقہ حکام نے شرکت کی اور مختلف امور پر تفصیلی بریفنگ دی گئی۔ علاقے میں تعلیم، صحت اور بنیادی ڈھانچے کی بہتری کے لیے فنڈز جاری کرنے کی ہدایت کی گئی۔ گلگت بلتستان حکومت نے عوامی مسائل کے حل کے لیے مختلف اقدامات کا اعلان کیا ہے۔ وزیر اعلیٰ نے کہا کہ ترقیاتی منصوبوں کو بروقت مکمل کیا جائے گا اور عوام کو ریلیف فراہم کیا جائے گا۔ اجلاس میں متعلقہ حکام نے شرکت کی اور مختلف امور پر تفصیلی بریفنگ دی گئی۔ علاقے میں تعلیم، صحت اور بنیادی ڈھانچے کی بہتری کے لیے فنڈز جاری کرنے کی ہدایت کی گئی۔
جنرل 50
گلگت بلتستان حکومت نے عوامی مسائل کے حل کے لیے مختلف اقدامات کا اعلان کیا ہے۔ وزیر اعلیٰ نے کہا کہ ترقیاتی منصوبوں کو بروقت مکمل کیا جائے گا اور عوام کو ریلیف فراہم کیا جائے گا۔ اجلاس میں متعلقہ حکام نے شرکت کی اور مختلف امور پر تفصیلی بریفنگ دی گئی۔ علاقے میں تعلیم، صحت اور بنیادی ڈھانچے کی بہتری کے لیے فنڈز جاری کرنے کی ہدایت کی گئی۔ گلگت بلتستان حکومت نے عوامی مسائل کے حل کے لیے مختلف اقدامات کا اعلان کیا ہے۔ وزیر اعلیٰ نے کہا کہ ترقیاتی منصوبوں کو بروقت مکمل کیا جائے گا اور عوام کو ریلیف فراہم کیا جائے گا۔ اجلاس میں متعلقہ حکام نے شرکت کی اور مختلف امور پر تفصیلی بریفنگ دی گئی۔ علاقے میں تعلیم، صحت اور بنیادی ڈھانچے کی بہتری کے لیے فنڈز جاری کرنے کی ہدایت کی گئی۔ گلگت بلتستان حکومت نے عوامی مسائل کے حل کے لیے مختلف اقدامات کا اعلان کیا ہے۔ وزیر اعلیٰ نے کہا کہ ترقیاتی منصوبوں کو بروقت مکمل کیا جائے گا اور عوام کو ریلیف فراہم کیا جائے گا۔ اجلاس میں متعلقہ حکام نے شرکت کی اور مختلف امور پر تفصیلی بریفنگ دی گئی۔ علاقے میں تعلیم، صحت اور بنیادی ڈھانچے کی بہتری کے لیے فنڈز جاری کرنے کی ہدایت کی گئی۔ گلگت بلتستان حکومت نے عوامی مسائل کے حل کے لیے مختلف اقدامات کا اعلان کیا ہے۔ وزیر اعلیٰ نے کہا کہ ترقیاتی منصوبوں کو بروقت مکمل کیا جائے گا اور عوام کو ریلیف فراہم کیا جائے گا۔ اجلاس میں متعلقہ حکام نے شرکت کی اور مختلف امور پر تفصیلی بریفنگ دی گئی۔ علاقے میں تعلیم، صحت اور بنیادی ڈھانچے کی بہتری کے لیے فنڈز جاری کرنے کی ہدایت کی گئی۔
جنرل 51
گلگت بلتستان حکومت نے عوامی مسائل کے حل کے لیے مختلف اقدامات کا اعلان کیا ہے۔ وزیر اعلیٰ نے کہا کہ ترقیاتی منصوبوں کو بروقت مکمل کیا جائے گا اور عوام کو ریلیف فراہم کیا جائے گا۔ اجلاس میں متعلقہ حکام نے شرکت کی اور مختلف امور پر تفصیلی بریفنگ دی گئی۔ علاقے میں تعلیم، صحت اور بنیادی ڈھانچے کی بہتری کے لیے فنڈز جاری کرنے کی ہدایت کی گئی۔ گلگت بلتستان حکومت نے عوامی مسائل کے حل کے لیے مختلف اقدامات کا اعلان کیا ہے۔ وزیر اعلیٰ نے کہا کہ ترقیاتی منصوبوں کو بروقت مکمل کیا جائے گا اور عوام کو ریلیف فراہم کیا جائے گا۔ اجلاس میں متعلقہ حکام نے شرکت کی اور مختلف امور پر تفصیلی بریفنگ دی گئی۔ علاقے میں تعلیم، صحت اور بنیادی ڈھانچے کی بہتری کے لیے فنڈز جاری کرنے کی ہدایت کی گئی۔
جنرل 52
گلگت بلتستان حکومت نے عوامی مسائل کے حل کے لیے مختلف اقدامات کا اعلان کیا ہے۔ وزیر اعلیٰ نے کہا کہ ترقیاتی منصوبوں کو بروقت مکمل کیا جائے گا اور عوام کو ریلیف فراہم کیا جائے گا۔ اجلاس میں متعلقہ حکام نے شرکت کی اور مختلف امور پر تفصیلی بریفنگ دی گئی۔ علاقے میں تعلیم، صحت اور بنیادی ڈھانچے کی بہتری کے لیے فنڈز جاری کرنے کی ہدایت کی گئی۔ گلگت بلتستان حکومت نے عوامی مسائل کے حل کے لیے مختلف اقدامات کا اعلان کیا ہے۔ وزیر اعلیٰ نے کہا کہ ترقیاتی منصوبوں کو بروقت مکمل کیا جائے گا اور عوام کو ریلیف فراہم کیا جائے گا۔ اجلاس میں متعلقہ حکام نے شرکت کی اور مختلف امور پر تفصیلی بریفنگ دی گئی۔ علاقے میں تعلیم، صحت اور بنیادی ڈھانچے کی بہتری کے لیے فنڈز جاری کرنے کی ہدایت کی گئی۔ گلگت بلتستان حکومت نے عوامی مسائل کے حل کے لیے مختلف اقدامات کا اعلان کیا ہے۔ وزیر اعلیٰ نے کہا کہ ترقیاتی منصوبوں کو بروقت مکمل کیا جائے گا اور عوام کو ریلیف فراہم کیا جائے گا۔ اجلاس میں متعلقہ حکام نے شرکت کی اور مختلف امور پر تفصیلی بریفنگ دی گئی۔ علاقے میں تعلیم، صحت اور بنیادی ڈھانچے کی بہتری کے لیے فنڈز جاری کرنے کی ہدایت کی گئی۔
جنرل 53
گلگت بلتستان حکومت نے عوامی مسائل کے حل کے لیے مختلف اقدامات کا اعلان کیا ہے۔ وزیر اعلیٰ نے کہا کہ ترقیاتی منصوبوں کو بروقت مکمل کیا جائے گا اور عوام کو ریلیف فراہم کیا جائے گا۔ اجلاس میں متعلقہ حکام نے شرکت کی اور مختلف امور پر تفصیلی بریفنگ دی گئی۔ علاقے میں تعلیم، صحت اور بنیادی ڈھانچے کی بہتری کے لیے فنڈز جاری کرنے کی ہدایت کی گئی۔ گلگت بلتستان حکومت نے عوامی مسائل کے حل کے لیے مختلف اقدامات کا اعلان کیا ہے۔ وزیر اعلیٰ نے کہا کہ ترقیاتی منصوبوں کو بروقت مکمل کیا جائے گا اور عوام کو ریلیف فراہم کیا جائے گا۔ اجلاس میں متعلقہ حکام نے شرکت کی اور مختلف امور پر تفصیلی بریفنگ دی گئی۔ علاقے میں تعلیم، صحت اور بنیادی ڈھانچے کی بہتری کے لیے فنڈز جاری کرنے کی ہدایت کی گئی۔ گلگت بلتستان حکومت نے عوامی مسائل کے حل کے لیے مختلف اقدامات کا اعلان کیا ہے۔ وزیر اعلیٰ نے کہا کہ ترقیاتی منصوبوں کو بروقت مکمل کیا جائے گا اور عوام کو ریلیف فراہم کیا جائے گا۔ اجلاس میں متعلقہ حکام نے شرکت کی اور مختلف امور پر تفصیلی بریفنگ دی گئی۔ علاقے میں تعلیم، صحت اور بنیادی ڈھانچے کی بہتری کے لیے فنڈز جاری کرنے کی ہدایت کی گئی۔
جنرل 54
گلگت بلتستان حکومت نے عوامی مسائل کے حل کے لیے مختلف اقدامات کا اعلان کیا ہے۔ وزیر اعلیٰ نے کہا کہ ترقیاتی منصوبوں کو بروقت مکمل کیا جائے گا اور عوام کو ریلیف فراہم کیا جائے گا۔ اجلاس میں متعلقہ حکام نے شرکت کی اور مختلف امور پر تفصیلی بریفنگ دی گئی۔ علاقے میں تعلیم، صحت اور بنیادی ڈھانچے کی بہتری کے لیے فنڈز جاری کرنے کی ہدایت کی گئی۔ گلگت بلتستان حکومت نے عوامی مسائل کے حل کے لیے مختلف اقدامات کا اعلان کیا ہے۔ وزیر اعلیٰ نے کہا کہ ترقیاتی منصوبوں کو بروقت مکمل کیا جائے گا اور عوام کو ریلیف فراہم کیا جائے گا۔ اجلاس میں متعلقہ حکام نے شرکت کی اور مختلف امور پر تفصیلی بریفنگ دی گئی۔ علاقے میں تعلیم، صحت اور بنیادی ڈھانچے کی بہتری کے لیے فنڈز جاری کرنے کی ہدایت کی گئی۔ گلگت بلتستان حکومت نے عوامی مسائل کے حل کے لیے مختلف اقدامات کا اعلان کیا ہے۔ وزیر اعلیٰ نے کہا کہ ترقیاتی منصوبوں کو بروقت مکمل کیا جائے گا اور عوام کو ریلیف فراہم کیا جائے گا۔ اجلاس میں متعلقہ حکام نے شرکت کی اور مختلف امور پر تفصیلی بریفنگ دی گئی۔ علاقے میں تعلیم، صحت اور بنیادی ڈھانچے کی بہتری کے لیے فنڈز جاری کرنے کی ہدایت کی گئی۔ گلگت بلتستان حکومت نے عوامی مسائل کے حل کے لیے مختلف اقدامات کا اعلان کیا ہے۔ وزیر اعلیٰ نے کہا کہ ترقیاتی منصوبوں کو بروقت مکمل کیا جائے گا اور عوام کو ریلیف فراہم کیا جائے گا۔ اجلاس میں متعلقہ حکام نے شرکت کی اور مختلف امور پر تفصیلی بریفنگ دی گئی۔ علاقے میں تعلیم، صحت اور بنیادی ڈھانچے کی بہتری کے لیے فنڈز جاری کرنے کی ہدایت کی گئی۔
جنرل 55
گلگت بلتستان حکومت نے عوامی مسائل کے حل کے لیے مختلف اقدامات کا اعلان کیا ہے۔ وزیر اعلیٰ نے کہا کہ ترقیاتی منصوبوں کو بروقت مکمل کیا جائے گا اور عوام کو ریلیف فراہم کیا جائے گا۔ اجلاس میں متعلقہ حکام نے شرکت کی اور مختلف امور پر تفصیلی بریفنگ دی گئی۔ علاقے میں تعلیم، صحت اور بنیادی ڈھانچے کی بہتری کے لیے فنڈز جاری کرنے کی ہدایت کی گئی۔ گلگت بلتستان حکومت نے عوامی مسائل کے حل کے لیے مختلف اقدامات کا اعلان کیا ہے۔ وزیر اعلیٰ نے کہا کہ ترقیاتی منصوبوں کو بروقت مکمل کیا جائے گا اور عوام کو ریلیف فراہم کیا جائے گا۔ اجلاس میں متعلقہ حکام نے شرکت کی اور مختلف امور پر تفصیلی بریفنگ دی گئی۔ علاقے میں تعلیم، صحت اور بنیادی ڈھانچے کی بہتری کے لیے فنڈز جاری کرنے کی ہدایت کی گئی۔
جنرل 56
گلگت بلتستان حکومت نے عوامی مسائل کے حل کے لیے مختلف اقدامات کا اعلان کیا ہے۔ وزیر اعلیٰ نے کہا کہ ترقیاتی منصوبوں کو بروقت مکمل کیا جائے گا اور عوام کو ریلیف فراہم کیا جائے گا۔ اجلاس میں متعلقہ حکام نے شرکت کی اور مختلف امور پر تفصیلی بریفنگ دی گئی۔ علاقے میں تعلیم، صحت اور بنیادی ڈھانچے کی بہتری کے لیے فنڈز جاری کرنے کی ہدایت کی گئی۔ گلگت بلتستان حکومت نے عوامی مسائل کے حل کے لیے مختلف اقدامات کا اعلان کیا ہے۔ وزیر اعلیٰ نے کہا کہ ترقیاتی منصوبوں کو بروقت مکمل کیا جائے گا اور عوام کو ریلیف فراہم کیا جائے گا۔ اجلاس میں متعلقہ حکام نے شرکت کی اور مختلف امور پر تفصیلی بریفنگ دی گئی۔ علاقے میں تعلیم، صحت اور بنیادی ڈھانچے کی بہتری کے لیے فنڈز جاری کرنے کی ہدایت کی گئی۔ گلگت بلتستان حکومت نے عوامی مسائل کے حل کے لیے مختلف اقدامات کا اعلان کیا ہے۔ وزیر اعلیٰ نے کہا کہ ترقیاتی منصوبوں کو بروقت مکمل کیا جائے گا اور عوام کو ریلیف فراہم کیا جائے گا۔ اجلاس میں متعلقہ حکام نے شرکت کی اور مختلف امور پر تفصیلی بریفنگ دی گئی۔ علاقے میں تعلیم، صحت اور بنیادی ڈھانچے کی بہتری کے لیے فنڈز جاری کرنے کی ہدایت کی گئی۔
جنرل 57
گلگت بلتستان حکومت نے عوامی مسائل کے حل کے لیے مختلف اقدامات کا اعلان کیا ہے۔ وزیر اعلیٰ نے کہا کہ ترقیاتی منصوبوں کو بروقت مکمل کیا جائے گا اور عوام کو ریلیف فراہم کیا جائے گا۔ اجلاس میں متعلقہ حکام نے شرکت کی اور مختلف امور پر تفصیلی بریفنگ دی گئی۔ علاقے میں تعلیم، صحت اور بنیادی ڈھانچے کی بہتری کے لیے فنڈز جاری کرنے کی ہدایت کی گئی۔ گلگت بلتستان حکومت نے عوامی مسائل کے حل کے لیے مختلف اقدامات کا اعلان کیا ہے۔ وزیر اعلیٰ نے کہا کہ ترقیاتی منصوبوں کو بروقت مکمل کیا جائے گا اور عوام کو ریلیف فراہم کیا جائے گا۔ اجلاس میں متعلقہ حکام نے شرکت کی اور مختلف امور پر تفصیلی بریفنگ دی گئی۔ علاقے میں تعلیم، صحت اور بنیادی ڈھانچے کی بہتری کے لیے فنڈز جاری کرنے کی ہدایت کی گئی۔ گلگت بلتستان حکومت نے عوامی مسائل کے حل کے لیے مختلف اقدامات کا اعلان کیا ہے۔ وزیر اعلیٰ نے کہا کہ ترقیاتی منصوبوں کو بروقت مکمل کیا جائے گا اور عوام کو ریلیف فراہم کیا جائے گا۔ اجلاس میں متعلقہ حکام نے شرکت کی اور مختلف امور پر تفصیلی بریفنگ دی گئی۔ علاقے میں تعلیم، صحت اور بنیادی ڈھانچے کی بہتری کے لیے فنڈز جاری کرنے کی ہدایت کی گئی۔ گلگت بلتستان حکومت نے عوامی مسائل کے حل کے لیے مختلف اقدامات کا اعلان کیا ہے۔ وزیر اعلیٰ نے کہا کہ ترقیاتی منصوبوں کو بروقت مکمل کیا جائے گا اور عوام کو ریلیف فراہم کیا جائے گا۔ اجلاس میں متعلقہ حکام نے شرکت کی اور مختلف امور پر تفصیلی بریفنگ دی گئی۔ علاقے میں تعلیم، صحت اور بنیادی ڈھانچے کی بہتری کے لیے فنڈز جاری کرنے کی ہدایت کی گئی۔
جنرل 58
گلگت بلتستان حکومت نے عوامی مسائل کے حل کے لیے مختلف اقدامات کا اعلان کیا ہے۔ وزیر اعلیٰ نے کہا کہ ترقیاتی منصوبوں کو بروقت مکمل کیا جائے گا اور عوام کو ریلیف فراہم کیا جائے گا۔ اجلاس میں متعلقہ حکام نے شرکت کی اور مختلف امور پر تفصیلی بریفنگ دی گئی۔ علاقے میں تعلیم، صحت اور بنیادی ڈھانچے کی بہتری کے لیے فنڈز جاری کرنے کی ہدایت کی گئی۔ گلگت بلتستان حکومت نے عوامی مسائل کے حل کے لیے مختلف اقدامات کا اعلان کیا ہے۔ وزیر اعلیٰ نے کہا کہ ترقیاتی منصوبوں کو بروقت مکمل کیا جائے گا اور عوام کو ریلیف فراہم کیا جائے گا۔ اجلاس میں متعلقہ حکام نے شرکت کی اور مختلف امور پر تفصیلی بریفنگ دی گئی۔ علاقے میں تعلیم، صحت اور بنیادی ڈھانچے کی بہتری کے لیے فنڈز جاری کرنے کی ہدایت کی گئی۔
جنرل 59
گلگت بلتستان حکومت نے عوامی مسائل کے حل کے لیے مختلف اقدامات کا اعلان کیا ہے۔ وزیر اعلیٰ نے کہا کہ ترقیاتی منصوبوں کو بروقت مکمل کیا جائے گا اور عوام کو ریلیف فراہم کیا جائے گا۔ اجلاس میں متعلقہ حکام نے شرکت کی اور مختلف امور پر تفصیلی بریفنگ دی گئی۔ علاقے میں تعلیم، صحت اور بنیادی ڈھانچے کی بہتری کے لیے فنڈز جاری کرنے کی ہدایت کی گئی۔ گلگت بلتستان حکومت نے عوامی مسائل کے حل کے لیے مختلف اقدامات کا اعلان کیا ہے۔ وزیر اعلیٰ نے کہا کہ ترقیاتی منصوبوں کو بروقت مکمل کیا جائے گا اور عوام کو ریلیف فراہم کیا جائے گا۔ اجلاس میں متعلقہ حکام نے شرکت کی اور مختلف امور پر تفصیلی بریفنگ دی گئی۔ علاقے میں تعلیم، صحت اور بنیادی ڈھانچے کی بہتری کے لیے فنڈز جاری کرنے کی ہدایت کی گئی۔ گلگت بلتستان حکومت نے عوامی مسائل کے حل کے لیے مختلف اقدامات کا اعلان کیا ہے۔ وزیر اعلیٰ نے کہا کہ ترقیاتی منصوبوں کو بروقت مکمل کیا جائے گا اور عوام کو ریلیف فراہم کیا جائے گا۔ اجلاس میں متعلقہ حکام نے شرکت کی اور مختلف امور پر تفصیلی بریفنگ دی گئی۔ علاقے میں تعلیم، صحت اور بنیادی ڈھانچے کی بہتری کے لیے فنڈز جاری کرنے کی ہدایت کی گئی۔
